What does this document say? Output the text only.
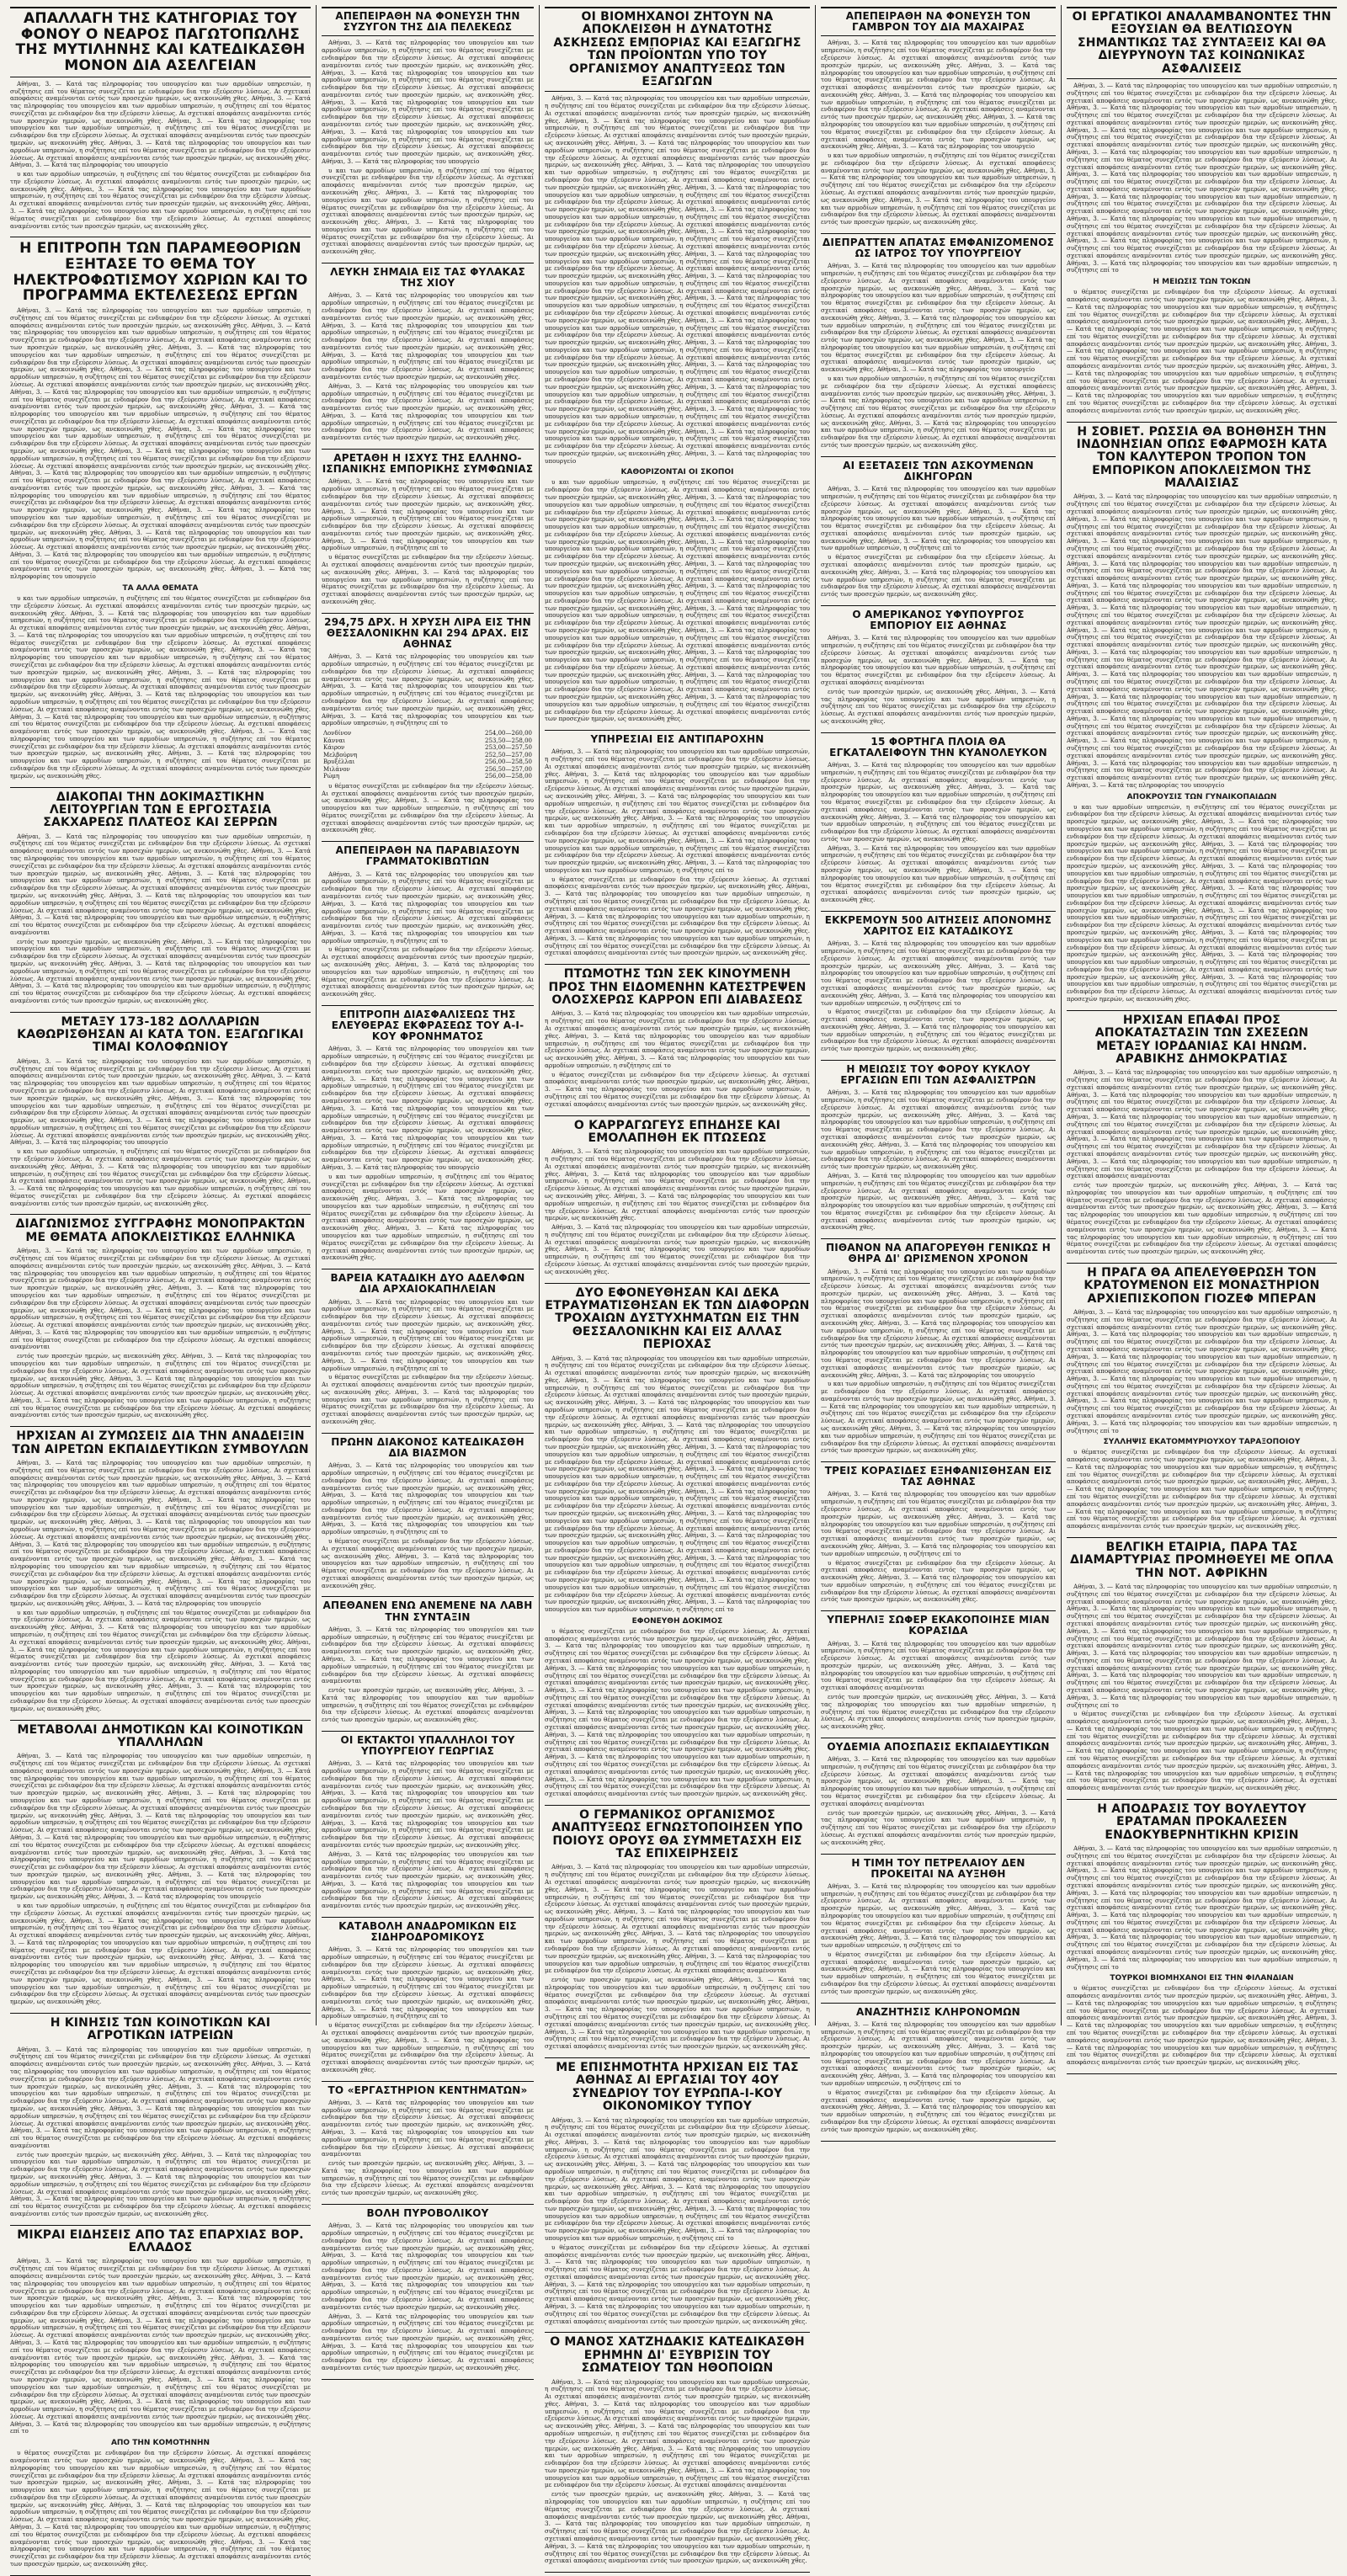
ΑΠΑΛΛΑΓΗ ΤΗΣ ΚΑΤΗΓΟΡΙΑΣ ΤΟΥ ΦΟΝΟΥ Ο ΝΕΑΡΟΣ ΠΑΓΩΤΟΠΩΛΗΣ ΤΗΣ ΜΥΤΙΛΗΝΗΣ ΚΑΙ ΚΑΤΕΔΙΚΑΣΘΗ ΜΟΝΟΝ ΔΙΑ ΑΣΕΛΓΕΙΑΝ

Αθήναι, 3. — Κατά τας πληροφορίας του υπουργείου και των αρμοδίων υπηρεσιών, η συζήτησις επί του θέματος συνεχίζεται με ενδιαφέρον δια την εξεύρεσιν λύσεως. Αι σχετικαί αποφάσεις αναμένονται εντός των προσεχών ημερών, ως ανεκοινώθη χθες. Αθήναι, 3. — Κατά τας πληροφορίας του υπουργείου και των αρμοδίων υπηρεσιών, η συζήτησις επί του θέματος συνεχίζεται με ενδιαφέρον δια την εξεύρεσιν λύσεως. Αι σχετικαί αποφάσεις αναμένονται εντός των προσεχών ημερών, ως ανεκοινώθη χθες. Αθήναι, 3. — Κατά τας πληροφορίας του υπουργείου και των αρμοδίων υπηρεσιών, η συζήτησις επί του θέματος συνεχίζεται με ενδιαφέρον δια την εξεύρεσιν λύσεως. Αι σχετικαί αποφάσεις αναμένονται εντός των προσεχών ημερών, ως ανεκοινώθη χθες. Αθήναι, 3. — Κατά τας πληροφορίας του υπουργείου και των αρμοδίων υπηρεσιών, η συζήτησις επί του θέματος συνεχίζεται με ενδιαφέρον δια την εξεύρεσιν λύσεως. Αι σχετικαί αποφάσεις αναμένονται εντός των προσεχών ημερών, ως ανεκοινώθη χθες. Αθήναι, 3. — Κατά τας πληροφορίας του υπουργείο

υ και των αρμοδίων υπηρεσιών, η συζήτησις επί του θέματος συνεχίζεται με ενδιαφέρον δια την εξεύρεσιν λύσεως. Αι σχετικαί αποφάσεις αναμένονται εντός των προσεχών ημερών, ως ανεκοινώθη χθες. Αθήναι, 3. — Κατά τας πληροφορίας του υπουργείου και των αρμοδίων υπηρεσιών, η συζήτησις επί του θέματος συνεχίζεται με ενδιαφέρον δια την εξεύρεσιν λύσεως. Αι σχετικαί αποφάσεις αναμένονται εντός των προσεχών ημερών, ως ανεκοινώθη χθες. Αθήναι, 3. — Κατά τας πληροφορίας του υπουργείου και των αρμοδίων υπηρεσιών, η συζήτησις επί του θέματος συνεχίζεται με ενδιαφέρον δια την εξεύρεσιν λύσεως. Αι σχετικαί αποφάσεις αναμένονται εντός των προσεχών ημερών, ως ανεκοινώθη χθες.

Η ΕΠΙΤΡΟΠΗ ΤΩΝ ΠΑΡΑΜΕΘΟΡΙΩΝ ΕΞΗΤΑΣΕ ΤΟ ΘΕΜΑ ΤΟΥ ΗΛΕΚΤΡΟΦΩΤΙΣΜΟΥ ΧΩΡΙΩΝ ΚΑΙ ΤΟ ΠΡΟΓΡΑΜΜΑ ΕΚΤΕΛΕΣΕΩΣ ΕΡΓΩΝ

Αθήναι, 3. — Κατά τας πληροφορίας του υπουργείου και των αρμοδίων υπηρεσιών, η συζήτησις επί του θέματος συνεχίζεται με ενδιαφέρον δια την εξεύρεσιν λύσεως. Αι σχετικαί αποφάσεις αναμένονται εντός των προσεχών ημερών, ως ανεκοινώθη χθες. Αθήναι, 3. — Κατά τας πληροφορίας του υπουργείου και των αρμοδίων υπηρεσιών, η συζήτησις επί του θέματος συνεχίζεται με ενδιαφέρον δια την εξεύρεσιν λύσεως. Αι σχετικαί αποφάσεις αναμένονται εντός των προσεχών ημερών, ως ανεκοινώθη χθες. Αθήναι, 3. — Κατά τας πληροφορίας του υπουργείου και των αρμοδίων υπηρεσιών, η συζήτησις επί του θέματος συνεχίζεται με ενδιαφέρον δια την εξεύρεσιν λύσεως. Αι σχετικαί αποφάσεις αναμένονται εντός των προσεχών ημερών, ως ανεκοινώθη χθες. Αθήναι, 3. — Κατά τας πληροφορίας του υπουργείου και των αρμοδίων υπηρεσιών, η συζήτησις επί του θέματος συνεχίζεται με ενδιαφέρον δια την εξεύρεσιν λύσεως. Αι σχετικαί αποφάσεις αναμένονται εντός των προσεχών ημερών, ως ανεκοινώθη χθες. Αθήναι, 3. — Κατά τας πληροφορίας του υπουργείου και των αρμοδίων υπηρεσιών, η συζήτησις επί του θέματος συνεχίζεται με ενδιαφέρον δια την εξεύρεσιν λύσεως. Αι σχετικαί αποφάσεις αναμένονται εντός των προσεχών ημερών, ως ανεκοινώθη χθες. Αθήναι, 3. — Κατά τας πληροφορίας του υπουργείου και των αρμοδίων υπηρεσιών, η συζήτησις επί του θέματος συνεχίζεται με ενδιαφέρον δια την εξεύρεσιν λύσεως. Αι σχετικαί αποφάσεις αναμένονται εντός των προσεχών ημερών, ως ανεκοινώθη χθες. Αθήναι, 3. — Κατά τας πληροφορίας του υπουργείου και των αρμοδίων υπηρεσιών, η συζήτησις επί του θέματος συνεχίζεται με ενδιαφέρον δια την εξεύρεσιν λύσεως. Αι σχετικαί αποφάσεις αναμένονται εντός των προσεχών ημερών, ως ανεκοινώθη χθες. Αθήναι, 3. — Κατά τας πληροφορίας του υπουργείου και των αρμοδίων υπηρεσιών, η συζήτησις επί του θέματος συνεχίζεται με ενδιαφέρον δια την εξεύρεσιν λύσεως. Αι σχετικαί αποφάσεις αναμένονται εντός των προσεχών ημερών, ως ανεκοινώθη χθες. Αθήναι, 3. — Κατά τας πληροφορίας του υπουργείου και των αρμοδίων υπηρεσιών, η συζήτησις επί του θέματος συνεχίζεται με ενδιαφέρον δια την εξεύρεσιν λύσεως. Αι σχετικαί αποφάσεις αναμένονται εντός των προσεχών ημερών, ως ανεκοινώθη χθες. Αθήναι, 3. — Κατά τας πληροφορίας του υπουργείου και των αρμοδίων υπηρεσιών, η συζήτησις επί του θέματος συνεχίζεται με ενδιαφέρον δια την εξεύρεσιν λύσεως. Αι σχετικαί αποφάσεις αναμένονται εντός των προσεχών ημερών, ως ανεκοινώθη χθες. Αθήναι, 3. — Κατά τας πληροφορίας του υπουργείου και των αρμοδίων υπηρεσιών, η συζήτησις επί του θέματος συνεχίζεται με ενδιαφέρον δια την εξεύρεσιν λύσεως. Αι σχετικαί αποφάσεις αναμένονται εντός των προσεχών ημερών, ως ανεκοινώθη χθες. Αθήναι, 3. — Κατά τας πληροφορίας του υπουργείου και των αρμοδίων υπηρεσιών, η συζήτησις επί του θέματος συνεχίζεται με ενδιαφέρον δια την εξεύρεσιν λύσεως. Αι σχετικαί αποφάσεις αναμένονται εντός των προσεχών ημερών, ως ανεκοινώθη χθες. Αθήναι, 3. — Κατά τας πληροφορίας του υπουργείου και των αρμοδίων υπηρεσιών, η συζήτησις επί του θέματος συνεχίζεται με ενδιαφέρον δια την εξεύρεσιν λύσεως. Αι σχετικαί αποφάσεις αναμένονται εντός των προσεχών ημερών, ως ανεκοινώθη χθες. Αθήναι, 3. — Κατά τας πληροφορίας του υπουργείο

ΤΑ ΑΛΛΑ ΘΕΜΑΤΑ

υ και των αρμοδίων υπηρεσιών, η συζήτησις επί του θέματος συνεχίζεται με ενδιαφέρον δια την εξεύρεσιν λύσεως. Αι σχετικαί αποφάσεις αναμένονται εντός των προσεχών ημερών, ως ανεκοινώθη χθες. Αθήναι, 3. — Κατά τας πληροφορίας του υπουργείου και των αρμοδίων υπηρεσιών, η συζήτησις επί του θέματος συνεχίζεται με ενδιαφέρον δια την εξεύρεσιν λύσεως. Αι σχετικαί αποφάσεις αναμένονται εντός των προσεχών ημερών, ως ανεκοινώθη χθες. Αθήναι, 3. — Κατά τας πληροφορίας του υπουργείου και των αρμοδίων υπηρεσιών, η συζήτησις επί του θέματος συνεχίζεται με ενδιαφέρον δια την εξεύρεσιν λύσεως. Αι σχετικαί αποφάσεις αναμένονται εντός των προσεχών ημερών, ως ανεκοινώθη χθες. Αθήναι, 3. — Κατά τας πληροφορίας του υπουργείου και των αρμοδίων υπηρεσιών, η συζήτησις επί του θέματος συνεχίζεται με ενδιαφέρον δια την εξεύρεσιν λύσεως. Αι σχετικαί αποφάσεις αναμένονται εντός των προσεχών ημερών, ως ανεκοινώθη χθες. Αθήναι, 3. — Κατά τας πληροφορίας του υπουργείου και των αρμοδίων υπηρεσιών, η συζήτησις επί του θέματος συνεχίζεται με ενδιαφέρον δια την εξεύρεσιν λύσεως. Αι σχετικαί αποφάσεις αναμένονται εντός των προσεχών ημερών, ως ανεκοινώθη χθες. Αθήναι, 3. — Κατά τας πληροφορίας του υπουργείου και των αρμοδίων υπηρεσιών, η συζήτησις επί του θέματος συνεχίζεται με ενδιαφέρον δια την εξεύρεσιν λύσεως. Αι σχετικαί αποφάσεις αναμένονται εντός των προσεχών ημερών, ως ανεκοινώθη χθες. Αθήναι, 3. — Κατά τας πληροφορίας του υπουργείου και των αρμοδίων υπηρεσιών, η συζήτησις επί του θέματος συνεχίζεται με ενδιαφέρον δια την εξεύρεσιν λύσεως. Αι σχετικαί αποφάσεις αναμένονται εντός των προσεχών ημερών, ως ανεκοινώθη χθες. Αθήναι, 3. — Κατά τας πληροφορίας του υπουργείου και των αρμοδίων υπηρεσιών, η συζήτησις επί του θέματος συνεχίζεται με ενδιαφέρον δια την εξεύρεσιν λύσεως. Αι σχετικαί αποφάσεις αναμένονται εντός των προσεχών ημερών, ως ανεκοινώθη χθες. Αθήναι, 3. — Κατά τας πληροφορίας του υπουργείου και των αρμοδίων υπηρεσιών, η συζήτησις επί του θέματος συνεχίζεται με ενδιαφέρον δια την εξεύρεσιν λύσεως. Αι σχετικαί αποφάσεις αναμένονται εντός των προσεχών ημερών, ως ανεκοινώθη χθες.

ΔΙΑΚΟΠΑΙ ΤΗΝ ΔΟΚΙΜΑΣΤΙΚΗΝ ΛΕΙΤΟΥΡΓΙΑΝ ΤΩΝ Ε ΕΡΓΟΣΤΑΣΙΑ ΣΑΚΧΑΡΕΩΣ ΠΛΑΤΕΟΣ ΚΑΙ ΣΕΡΡΩΝ

Αθήναι, 3. — Κατά τας πληροφορίας του υπουργείου και των αρμοδίων υπηρεσιών, η συζήτησις επί του θέματος συνεχίζεται με ενδιαφέρον δια την εξεύρεσιν λύσεως. Αι σχετικαί αποφάσεις αναμένονται εντός των προσεχών ημερών, ως ανεκοινώθη χθες. Αθήναι, 3. — Κατά τας πληροφορίας του υπουργείου και των αρμοδίων υπηρεσιών, η συζήτησις επί του θέματος συνεχίζεται με ενδιαφέρον δια την εξεύρεσιν λύσεως. Αι σχετικαί αποφάσεις αναμένονται εντός των προσεχών ημερών, ως ανεκοινώθη χθες. Αθήναι, 3. — Κατά τας πληροφορίας του υπουργείου και των αρμοδίων υπηρεσιών, η συζήτησις επί του θέματος συνεχίζεται με ενδιαφέρον δια την εξεύρεσιν λύσεως. Αι σχετικαί αποφάσεις αναμένονται εντός των προσεχών ημερών, ως ανεκοινώθη χθες. Αθήναι, 3. — Κατά τας πληροφορίας του υπουργείου και των αρμοδίων υπηρεσιών, η συζήτησις επί του θέματος συνεχίζεται με ενδιαφέρον δια την εξεύρεσιν λύσεως. Αι σχετικαί αποφάσεις αναμένονται εντός των προσεχών ημερών, ως ανεκοινώθη χθες. Αθήναι, 3. — Κατά τας πληροφορίας του υπουργείου και των αρμοδίων υπηρεσιών, η συζήτησις επί του θέματος συνεχίζεται με ενδιαφέρον δια την εξεύρεσιν λύσεως. Αι σχετικαί αποφάσεις αναμένονται

εντός των προσεχών ημερών, ως ανεκοινώθη χθες. Αθήναι, 3. — Κατά τας πληροφορίας του υπουργείου και των αρμοδίων υπηρεσιών, η συζήτησις επί του θέματος συνεχίζεται με ενδιαφέρον δια την εξεύρεσιν λύσεως. Αι σχετικαί αποφάσεις αναμένονται εντός των προσεχών ημερών, ως ανεκοινώθη χθες. Αθήναι, 3. — Κατά τας πληροφορίας του υπουργείου και των αρμοδίων υπηρεσιών, η συζήτησις επί του θέματος συνεχίζεται με ενδιαφέρον δια την εξεύρεσιν λύσεως. Αι σχετικαί αποφάσεις αναμένονται εντός των προσεχών ημερών, ως ανεκοινώθη χθες. Αθήναι, 3. — Κατά τας πληροφορίας του υπουργείου και των αρμοδίων υπηρεσιών, η συζήτησις επί του θέματος συνεχίζεται με ενδιαφέρον δια την εξεύρεσιν λύσεως. Αι σχετικαί αποφάσεις αναμένονται εντός των προσεχών ημερών, ως ανεκοινώθη χθες.

ΜΕΤΑΞΥ 173-182 ΔΟΛΛΑΡΙΩΝ ΚΑΘΩΡΙΣΘΗΣΑΝ ΑΙ ΚΑΤΑ ΤΟΝ. ΕΞΑΓΩΓΙΚΑΙ ΤΙΜΑΙ ΚΟΛΟΦΩΝΙΟΥ

Αθήναι, 3. — Κατά τας πληροφορίας του υπουργείου και των αρμοδίων υπηρεσιών, η συζήτησις επί του θέματος συνεχίζεται με ενδιαφέρον δια την εξεύρεσιν λύσεως. Αι σχετικαί αποφάσεις αναμένονται εντός των προσεχών ημερών, ως ανεκοινώθη χθες. Αθήναι, 3. — Κατά τας πληροφορίας του υπουργείου και των αρμοδίων υπηρεσιών, η συζήτησις επί του θέματος συνεχίζεται με ενδιαφέρον δια την εξεύρεσιν λύσεως. Αι σχετικαί αποφάσεις αναμένονται εντός των προσεχών ημερών, ως ανεκοινώθη χθες. Αθήναι, 3. — Κατά τας πληροφορίας του υπουργείου και των αρμοδίων υπηρεσιών, η συζήτησις επί του θέματος συνεχίζεται με ενδιαφέρον δια την εξεύρεσιν λύσεως. Αι σχετικαί αποφάσεις αναμένονται εντός των προσεχών ημερών, ως ανεκοινώθη χθες. Αθήναι, 3. — Κατά τας πληροφορίας του υπουργείου και των αρμοδίων υπηρεσιών, η συζήτησις επί του θέματος συνεχίζεται με ενδιαφέρον δια την εξεύρεσιν λύσεως. Αι σχετικαί αποφάσεις αναμένονται εντός των προσεχών ημερών, ως ανεκοινώθη χθες. Αθήναι, 3. — Κατά τας πληροφορίας του υπουργείο

υ και των αρμοδίων υπηρεσιών, η συζήτησις επί του θέματος συνεχίζεται με ενδιαφέρον δια την εξεύρεσιν λύσεως. Αι σχετικαί αποφάσεις αναμένονται εντός των προσεχών ημερών, ως ανεκοινώθη χθες. Αθήναι, 3. — Κατά τας πληροφορίας του υπουργείου και των αρμοδίων υπηρεσιών, η συζήτησις επί του θέματος συνεχίζεται με ενδιαφέρον δια την εξεύρεσιν λύσεως. Αι σχετικαί αποφάσεις αναμένονται εντός των προσεχών ημερών, ως ανεκοινώθη χθες. Αθήναι, 3. — Κατά τας πληροφορίας του υπουργείου και των αρμοδίων υπηρεσιών, η συζήτησις επί του θέματος συνεχίζεται με ενδιαφέρον δια την εξεύρεσιν λύσεως. Αι σχετικαί αποφάσεις αναμένονται εντός των προσεχών ημερών, ως ανεκοινώθη χθες.

ΔΙΑΓΩΝΙΣΜΟΣ ΣΥΓΓΡΑΦΗΣ ΜΟΝΟΠΡΑΚΤΩΝ ΜΕ ΘΕΜΑΤΑ ΑΠΟΚΛΕΙΣΤΙΚΩΣ ΕΛΛΗΝΙΚΑ

Αθήναι, 3. — Κατά τας πληροφορίας του υπουργείου και των αρμοδίων υπηρεσιών, η συζήτησις επί του θέματος συνεχίζεται με ενδιαφέρον δια την εξεύρεσιν λύσεως. Αι σχετικαί αποφάσεις αναμένονται εντός των προσεχών ημερών, ως ανεκοινώθη χθες. Αθήναι, 3. — Κατά τας πληροφορίας του υπουργείου και των αρμοδίων υπηρεσιών, η συζήτησις επί του θέματος συνεχίζεται με ενδιαφέρον δια την εξεύρεσιν λύσεως. Αι σχετικαί αποφάσεις αναμένονται εντός των προσεχών ημερών, ως ανεκοινώθη χθες. Αθήναι, 3. — Κατά τας πληροφορίας του υπουργείου και των αρμοδίων υπηρεσιών, η συζήτησις επί του θέματος συνεχίζεται με ενδιαφέρον δια την εξεύρεσιν λύσεως. Αι σχετικαί αποφάσεις αναμένονται εντός των προσεχών ημερών, ως ανεκοινώθη χθες. Αθήναι, 3. — Κατά τας πληροφορίας του υπουργείου και των αρμοδίων υπηρεσιών, η συζήτησις επί του θέματος συνεχίζεται με ενδιαφέρον δια την εξεύρεσιν λύσεως. Αι σχετικαί αποφάσεις αναμένονται εντός των προσεχών ημερών, ως ανεκοινώθη χθες. Αθήναι, 3. — Κατά τας πληροφορίας του υπουργείου και των αρμοδίων υπηρεσιών, η συζήτησις επί του θέματος συνεχίζεται με ενδιαφέρον δια την εξεύρεσιν λύσεως. Αι σχετικαί αποφάσεις αναμένονται

εντός των προσεχών ημερών, ως ανεκοινώθη χθες. Αθήναι, 3. — Κατά τας πληροφορίας του υπουργείου και των αρμοδίων υπηρεσιών, η συζήτησις επί του θέματος συνεχίζεται με ενδιαφέρον δια την εξεύρεσιν λύσεως. Αι σχετικαί αποφάσεις αναμένονται εντός των προσεχών ημερών, ως ανεκοινώθη χθες. Αθήναι, 3. — Κατά τας πληροφορίας του υπουργείου και των αρμοδίων υπηρεσιών, η συζήτησις επί του θέματος συνεχίζεται με ενδιαφέρον δια την εξεύρεσιν λύσεως. Αι σχετικαί αποφάσεις αναμένονται εντός των προσεχών ημερών, ως ανεκοινώθη χθες. Αθήναι, 3. — Κατά τας πληροφορίας του υπουργείου και των αρμοδίων υπηρεσιών, η συζήτησις επί του θέματος συνεχίζεται με ενδιαφέρον δια την εξεύρεσιν λύσεως. Αι σχετικαί αποφάσεις αναμένονται εντός των προσεχών ημερών, ως ανεκοινώθη χθες.

ΗΡΧΙΣΑΝ ΑΙ ΖΥΜΩΣΕΙΣ ΔΙΑ ΤΗΝ ΑΝΑΔΕΙΞΙΝ ΤΩΝ ΑΙΡΕΤΩΝ ΕΚΠΑΙΔΕΥΤΙΚΩΝ ΣΥΜΒΟΥΛΩΝ

Αθήναι, 3. — Κατά τας πληροφορίας του υπουργείου και των αρμοδίων υπηρεσιών, η συζήτησις επί του θέματος συνεχίζεται με ενδιαφέρον δια την εξεύρεσιν λύσεως. Αι σχετικαί αποφάσεις αναμένονται εντός των προσεχών ημερών, ως ανεκοινώθη χθες. Αθήναι, 3. — Κατά τας πληροφορίας του υπουργείου και των αρμοδίων υπηρεσιών, η συζήτησις επί του θέματος συνεχίζεται με ενδιαφέρον δια την εξεύρεσιν λύσεως. Αι σχετικαί αποφάσεις αναμένονται εντός των προσεχών ημερών, ως ανεκοινώθη χθες. Αθήναι, 3. — Κατά τας πληροφορίας του υπουργείου και των αρμοδίων υπηρεσιών, η συζήτησις επί του θέματος συνεχίζεται με ενδιαφέρον δια την εξεύρεσιν λύσεως. Αι σχετικαί αποφάσεις αναμένονται εντός των προσεχών ημερών, ως ανεκοινώθη χθες. Αθήναι, 3. — Κατά τας πληροφορίας του υπουργείου και των αρμοδίων υπηρεσιών, η συζήτησις επί του θέματος συνεχίζεται με ενδιαφέρον δια την εξεύρεσιν λύσεως. Αι σχετικαί αποφάσεις αναμένονται εντός των προσεχών ημερών, ως ανεκοινώθη χθες. Αθήναι, 3. — Κατά τας πληροφορίας του υπουργείου και των αρμοδίων υπηρεσιών, η συζήτησις επί του θέματος συνεχίζεται με ενδιαφέρον δια την εξεύρεσιν λύσεως. Αι σχετικαί αποφάσεις αναμένονται εντός των προσεχών ημερών, ως ανεκοινώθη χθες. Αθήναι, 3. — Κατά τας πληροφορίας του υπουργείου και των αρμοδίων υπηρεσιών, η συζήτησις επί του θέματος συνεχίζεται με ενδιαφέρον δια την εξεύρεσιν λύσεως. Αι σχετικαί αποφάσεις αναμένονται εντός των προσεχών ημερών, ως ανεκοινώθη χθες. Αθήναι, 3. — Κατά τας πληροφορίας του υπουργείου και των αρμοδίων υπηρεσιών, η συζήτησις επί του θέματος συνεχίζεται με ενδιαφέρον δια την εξεύρεσιν λύσεως. Αι σχετικαί αποφάσεις αναμένονται εντός των προσεχών ημερών, ως ανεκοινώθη χθες. Αθήναι, 3. — Κατά τας πληροφορίας του υπουργείο

υ και των αρμοδίων υπηρεσιών, η συζήτησις επί του θέματος συνεχίζεται με ενδιαφέρον δια την εξεύρεσιν λύσεως. Αι σχετικαί αποφάσεις αναμένονται εντός των προσεχών ημερών, ως ανεκοινώθη χθες. Αθήναι, 3. — Κατά τας πληροφορίας του υπουργείου και των αρμοδίων υπηρεσιών, η συζήτησις επί του θέματος συνεχίζεται με ενδιαφέρον δια την εξεύρεσιν λύσεως. Αι σχετικαί αποφάσεις αναμένονται εντός των προσεχών ημερών, ως ανεκοινώθη χθες. Αθήναι, 3. — Κατά τας πληροφορίας του υπουργείου και των αρμοδίων υπηρεσιών, η συζήτησις επί του θέματος συνεχίζεται με ενδιαφέρον δια την εξεύρεσιν λύσεως. Αι σχετικαί αποφάσεις αναμένονται εντός των προσεχών ημερών, ως ανεκοινώθη χθες. Αθήναι, 3. — Κατά τας πληροφορίας του υπουργείου και των αρμοδίων υπηρεσιών, η συζήτησις επί του θέματος συνεχίζεται με ενδιαφέρον δια την εξεύρεσιν λύσεως. Αι σχετικαί αποφάσεις αναμένονται εντός των προσεχών ημερών, ως ανεκοινώθη χθες. Αθήναι, 3. — Κατά τας πληροφορίας του υπουργείου και των αρμοδίων υπηρεσιών, η συζήτησις επί του θέματος συνεχίζεται με ενδιαφέρον δια την εξεύρεσιν λύσεως. Αι σχετικαί αποφάσεις αναμένονται εντός των προσεχών ημερών, ως ανεκοινώθη χθες.

ΜΕΤΑΒΟΛΑΙ ΔΗΜΟΤΙΚΩΝ ΚΑΙ ΚΟΙΝΟΤΙΚΩΝ ΥΠΑΛΛΗΛΩΝ

Αθήναι, 3. — Κατά τας πληροφορίας του υπουργείου και των αρμοδίων υπηρεσιών, η συζήτησις επί του θέματος συνεχίζεται με ενδιαφέρον δια την εξεύρεσιν λύσεως. Αι σχετικαί αποφάσεις αναμένονται εντός των προσεχών ημερών, ως ανεκοινώθη χθες. Αθήναι, 3. — Κατά τας πληροφορίας του υπουργείου και των αρμοδίων υπηρεσιών, η συζήτησις επί του θέματος συνεχίζεται με ενδιαφέρον δια την εξεύρεσιν λύσεως. Αι σχετικαί αποφάσεις αναμένονται εντός των προσεχών ημερών, ως ανεκοινώθη χθες. Αθήναι, 3. — Κατά τας πληροφορίας του υπουργείου και των αρμοδίων υπηρεσιών, η συζήτησις επί του θέματος συνεχίζεται με ενδιαφέρον δια την εξεύρεσιν λύσεως. Αι σχετικαί αποφάσεις αναμένονται εντός των προσεχών ημερών, ως ανεκοινώθη χθες. Αθήναι, 3. — Κατά τας πληροφορίας του υπουργείου και των αρμοδίων υπηρεσιών, η συζήτησις επί του θέματος συνεχίζεται με ενδιαφέρον δια την εξεύρεσιν λύσεως. Αι σχετικαί αποφάσεις αναμένονται εντός των προσεχών ημερών, ως ανεκοινώθη χθες. Αθήναι, 3. — Κατά τας πληροφορίας του υπουργείου και των αρμοδίων υπηρεσιών, η συζήτησις επί του θέματος συνεχίζεται με ενδιαφέρον δια την εξεύρεσιν λύσεως. Αι σχετικαί αποφάσεις αναμένονται εντός των προσεχών ημερών, ως ανεκοινώθη χθες. Αθήναι, 3. — Κατά τας πληροφορίας του υπουργείου και των αρμοδίων υπηρεσιών, η συζήτησις επί του θέματος συνεχίζεται με ενδιαφέρον δια την εξεύρεσιν λύσεως. Αι σχετικαί αποφάσεις αναμένονται εντός των προσεχών ημερών, ως ανεκοινώθη χθες. Αθήναι, 3. — Κατά τας πληροφορίας του υπουργείου και των αρμοδίων υπηρεσιών, η συζήτησις επί του θέματος συνεχίζεται με ενδιαφέρον δια την εξεύρεσιν λύσεως. Αι σχετικαί αποφάσεις αναμένονται εντός των προσεχών ημερών, ως ανεκοινώθη χθες. Αθήναι, 3. — Κατά τας πληροφορίας του υπουργείο

υ και των αρμοδίων υπηρεσιών, η συζήτησις επί του θέματος συνεχίζεται με ενδιαφέρον δια την εξεύρεσιν λύσεως. Αι σχετικαί αποφάσεις αναμένονται εντός των προσεχών ημερών, ως ανεκοινώθη χθες. Αθήναι, 3. — Κατά τας πληροφορίας του υπουργείου και των αρμοδίων υπηρεσιών, η συζήτησις επί του θέματος συνεχίζεται με ενδιαφέρον δια την εξεύρεσιν λύσεως. Αι σχετικαί αποφάσεις αναμένονται εντός των προσεχών ημερών, ως ανεκοινώθη χθες. Αθήναι, 3. — Κατά τας πληροφορίας του υπουργείου και των αρμοδίων υπηρεσιών, η συζήτησις επί του θέματος συνεχίζεται με ενδιαφέρον δια την εξεύρεσιν λύσεως. Αι σχετικαί αποφάσεις αναμένονται εντός των προσεχών ημερών, ως ανεκοινώθη χθες. Αθήναι, 3. — Κατά τας πληροφορίας του υπουργείου και των αρμοδίων υπηρεσιών, η συζήτησις επί του θέματος συνεχίζεται με ενδιαφέρον δια την εξεύρεσιν λύσεως. Αι σχετικαί αποφάσεις αναμένονται εντός των προσεχών ημερών, ως ανεκοινώθη χθες. Αθήναι, 3. — Κατά τας πληροφορίας του υπουργείου και των αρμοδίων υπηρεσιών, η συζήτησις επί του θέματος συνεχίζεται με ενδιαφέρον δια την εξεύρεσιν λύσεως. Αι σχετικαί αποφάσεις αναμένονται εντός των προσεχών ημερών, ως ανεκοινώθη χθες.

Η ΚΙΝΗΣΙΣ ΤΩΝ ΚΟΙΝΟΤΙΚΩΝ ΚΑΙ ΑΓΡΟΤΙΚΩΝ ΙΑΤΡΕΙΩΝ

Αθήναι, 3. — Κατά τας πληροφορίας του υπουργείου και των αρμοδίων υπηρεσιών, η συζήτησις επί του θέματος συνεχίζεται με ενδιαφέρον δια την εξεύρεσιν λύσεως. Αι σχετικαί αποφάσεις αναμένονται εντός των προσεχών ημερών, ως ανεκοινώθη χθες. Αθήναι, 3. — Κατά τας πληροφορίας του υπουργείου και των αρμοδίων υπηρεσιών, η συζήτησις επί του θέματος συνεχίζεται με ενδιαφέρον δια την εξεύρεσιν λύσεως. Αι σχετικαί αποφάσεις αναμένονται εντός των προσεχών ημερών, ως ανεκοινώθη χθες. Αθήναι, 3. — Κατά τας πληροφορίας του υπουργείου και των αρμοδίων υπηρεσιών, η συζήτησις επί του θέματος συνεχίζεται με ενδιαφέρον δια την εξεύρεσιν λύσεως. Αι σχετικαί αποφάσεις αναμένονται εντός των προσεχών ημερών, ως ανεκοινώθη χθες. Αθήναι, 3. — Κατά τας πληροφορίας του υπουργείου και των αρμοδίων υπηρεσιών, η συζήτησις επί του θέματος συνεχίζεται με ενδιαφέρον δια την εξεύρεσιν λύσεως. Αι σχετικαί αποφάσεις αναμένονται εντός των προσεχών ημερών, ως ανεκοινώθη χθες. Αθήναι, 3. — Κατά τας πληροφορίας του υπουργείου και των αρμοδίων υπηρεσιών, η συζήτησις επί του θέματος συνεχίζεται με ενδιαφέρον δια την εξεύρεσιν λύσεως. Αι σχετικαί αποφάσεις αναμένονται

εντός των προσεχών ημερών, ως ανεκοινώθη χθες. Αθήναι, 3. — Κατά τας πληροφορίας του υπουργείου και των αρμοδίων υπηρεσιών, η συζήτησις επί του θέματος συνεχίζεται με ενδιαφέρον δια την εξεύρεσιν λύσεως. Αι σχετικαί αποφάσεις αναμένονται εντός των προσεχών ημερών, ως ανεκοινώθη χθες. Αθήναι, 3. — Κατά τας πληροφορίας του υπουργείου και των αρμοδίων υπηρεσιών, η συζήτησις επί του θέματος συνεχίζεται με ενδιαφέρον δια την εξεύρεσιν λύσεως. Αι σχετικαί αποφάσεις αναμένονται εντός των προσεχών ημερών, ως ανεκοινώθη χθες. Αθήναι, 3. — Κατά τας πληροφορίας του υπουργείου και των αρμοδίων υπηρεσιών, η συζήτησις επί του θέματος συνεχίζεται με ενδιαφέρον δια την εξεύρεσιν λύσεως. Αι σχετικαί αποφάσεις αναμένονται εντός των προσεχών ημερών, ως ανεκοινώθη χθες.

ΜΙΚΡΑΙ ΕΙΔΗΣΕΙΣ ΑΠΟ ΤΑΣ ΕΠΑΡΧΙΑΣ ΒΟΡ. ΕΛΛΑΔΟΣ

Αθήναι, 3. — Κατά τας πληροφορίας του υπουργείου και των αρμοδίων υπηρεσιών, η συζήτησις επί του θέματος συνεχίζεται με ενδιαφέρον δια την εξεύρεσιν λύσεως. Αι σχετικαί αποφάσεις αναμένονται εντός των προσεχών ημερών, ως ανεκοινώθη χθες. Αθήναι, 3. — Κατά τας πληροφορίας του υπουργείου και των αρμοδίων υπηρεσιών, η συζήτησις επί του θέματος συνεχίζεται με ενδιαφέρον δια την εξεύρεσιν λύσεως. Αι σχετικαί αποφάσεις αναμένονται εντός των προσεχών ημερών, ως ανεκοινώθη χθες. Αθήναι, 3. — Κατά τας πληροφορίας του υπουργείου και των αρμοδίων υπηρεσιών, η συζήτησις επί του θέματος συνεχίζεται με ενδιαφέρον δια την εξεύρεσιν λύσεως. Αι σχετικαί αποφάσεις αναμένονται εντός των προσεχών ημερών, ως ανεκοινώθη χθες. Αθήναι, 3. — Κατά τας πληροφορίας του υπουργείου και των αρμοδίων υπηρεσιών, η συζήτησις επί του θέματος συνεχίζεται με ενδιαφέρον δια την εξεύρεσιν λύσεως. Αι σχετικαί αποφάσεις αναμένονται εντός των προσεχών ημερών, ως ανεκοινώθη χθες. Αθήναι, 3. — Κατά τας πληροφορίας του υπουργείου και των αρμοδίων υπηρεσιών, η συζήτησις επί του θέματος συνεχίζεται με ενδιαφέρον δια την εξεύρεσιν λύσεως. Αι σχετικαί αποφάσεις αναμένονται εντός των προσεχών ημερών, ως ανεκοινώθη χθες. Αθήναι, 3. — Κατά τας πληροφορίας του υπουργείου και των αρμοδίων υπηρεσιών, η συζήτησις επί του θέματος συνεχίζεται με ενδιαφέρον δια την εξεύρεσιν λύσεως. Αι σχετικαί αποφάσεις αναμένονται εντός των προσεχών ημερών, ως ανεκοινώθη χθες. Αθήναι, 3. — Κατά τας πληροφορίας του υπουργείου και των αρμοδίων υπηρεσιών, η συζήτησις επί του θέματος συνεχίζεται με ενδιαφέρον δια την εξεύρεσιν λύσεως. Αι σχετικαί αποφάσεις αναμένονται εντός των προσεχών ημερών, ως ανεκοινώθη χθες. Αθήναι, 3. — Κατά τας πληροφορίας του υπουργείου και των αρμοδίων υπηρεσιών, η συζήτησις επί του θέματος συνεχίζεται με ενδιαφέρον δια την εξεύρεσιν λύσεως. Αι σχετικαί αποφάσεις αναμένονται εντός των προσεχών ημερών, ως ανεκοινώθη χθες. Αθήναι, 3. — Κατά τας πληροφορίας του υπουργείου και των αρμοδίων υπηρεσιών, η συζήτησις επί το

ΑΠΟ ΤΗΝ ΚΟΜΟΤΗΝΗΝ

υ θέματος συνεχίζεται με ενδιαφέρον δια την εξεύρεσιν λύσεως. Αι σχετικαί αποφάσεις αναμένονται εντός των προσεχών ημερών, ως ανεκοινώθη χθες. Αθήναι, 3. — Κατά τας πληροφορίας του υπουργείου και των αρμοδίων υπηρεσιών, η συζήτησις επί του θέματος συνεχίζεται με ενδιαφέρον δια την εξεύρεσιν λύσεως. Αι σχετικαί αποφάσεις αναμένονται εντός των προσεχών ημερών, ως ανεκοινώθη χθες. Αθήναι, 3. — Κατά τας πληροφορίας του υπουργείου και των αρμοδίων υπηρεσιών, η συζήτησις επί του θέματος συνεχίζεται με ενδιαφέρον δια την εξεύρεσιν λύσεως. Αι σχετικαί αποφάσεις αναμένονται εντός των προσεχών ημερών, ως ανεκοινώθη χθες. Αθήναι, 3. — Κατά τας πληροφορίας του υπουργείου και των αρμοδίων υπηρεσιών, η συζήτησις επί του θέματος συνεχίζεται με ενδιαφέρον δια την εξεύρεσιν λύσεως. Αι σχετικαί αποφάσεις αναμένονται εντός των προσεχών ημερών, ως ανεκοινώθη χθες. Αθήναι, 3. — Κατά τας πληροφορίας του υπουργείου και των αρμοδίων υπηρεσιών, η συζήτησις επί του θέματος συνεχίζεται με ενδιαφέρον δια την εξεύρεσιν λύσεως. Αι σχετικαί αποφάσεις αναμένονται εντός των προσεχών ημερών, ως ανεκοινώθη χθες. Αθήναι, 3. — Κατά τας πληροφορίας του υπουργείου και των αρμοδίων υπηρεσιών, η συζήτησις επί του θέματος συνεχίζεται με ενδιαφέρον δια την εξεύρεσιν λύσεως. Αι σχετικαί αποφάσεις αναμένονται εντός των προσεχών ημερών, ως ανεκοινώθη χθες.

ΑΠΕΠΕΙΡΑΘΗ ΝΑ ΦΟΝΕΥΣΗ ΤΗΝ ΣΥΖΥΓΟΝ ΤΗΣ ΔΙΑ ΠΕΛΕΚΕΩΣ

Αθήναι, 3. — Κατά τας πληροφορίας του υπουργείου και των αρμοδίων υπηρεσιών, η συζήτησις επί του θέματος συνεχίζεται με ενδιαφέρον δια την εξεύρεσιν λύσεως. Αι σχετικαί αποφάσεις αναμένονται εντός των προσεχών ημερών, ως ανεκοινώθη χθες. Αθήναι, 3. — Κατά τας πληροφορίας του υπουργείου και των αρμοδίων υπηρεσιών, η συζήτησις επί του θέματος συνεχίζεται με ενδιαφέρον δια την εξεύρεσιν λύσεως. Αι σχετικαί αποφάσεις αναμένονται εντός των προσεχών ημερών, ως ανεκοινώθη χθες. Αθήναι, 3. — Κατά τας πληροφορίας του υπουργείου και των αρμοδίων υπηρεσιών, η συζήτησις επί του θέματος συνεχίζεται με ενδιαφέρον δια την εξεύρεσιν λύσεως. Αι σχετικαί αποφάσεις αναμένονται εντός των προσεχών ημερών, ως ανεκοινώθη χθες. Αθήναι, 3. — Κατά τας πληροφορίας του υπουργείου και των αρμοδίων υπηρεσιών, η συζήτησις επί του θέματος συνεχίζεται με ενδιαφέρον δια την εξεύρεσιν λύσεως. Αι σχετικαί αποφάσεις αναμένονται εντός των προσεχών ημερών, ως ανεκοινώθη χθες. Αθήναι, 3. — Κατά τας πληροφορίας του υπουργείο

υ και των αρμοδίων υπηρεσιών, η συζήτησις επί του θέματος συνεχίζεται με ενδιαφέρον δια την εξεύρεσιν λύσεως. Αι σχετικαί αποφάσεις αναμένονται εντός των προσεχών ημερών, ως ανεκοινώθη χθες. Αθήναι, 3. — Κατά τας πληροφορίας του υπουργείου και των αρμοδίων υπηρεσιών, η συζήτησις επί του θέματος συνεχίζεται με ενδιαφέρον δια την εξεύρεσιν λύσεως. Αι σχετικαί αποφάσεις αναμένονται εντός των προσεχών ημερών, ως ανεκοινώθη χθες. Αθήναι, 3. — Κατά τας πληροφορίας του υπουργείου και των αρμοδίων υπηρεσιών, η συζήτησις επί του θέματος συνεχίζεται με ενδιαφέρον δια την εξεύρεσιν λύσεως. Αι σχετικαί αποφάσεις αναμένονται εντός των προσεχών ημερών, ως ανεκοινώθη χθες.

ΛΕΥΚΗ ΣΗΜΑΙΑ ΕΙΣ ΤΑΣ ΦΥΛΑΚΑΣ ΤΗΣ ΧΙΟΥ

Αθήναι, 3. — Κατά τας πληροφορίας του υπουργείου και των αρμοδίων υπηρεσιών, η συζήτησις επί του θέματος συνεχίζεται με ενδιαφέρον δια την εξεύρεσιν λύσεως. Αι σχετικαί αποφάσεις αναμένονται εντός των προσεχών ημερών, ως ανεκοινώθη χθες. Αθήναι, 3. — Κατά τας πληροφορίας του υπουργείου και των αρμοδίων υπηρεσιών, η συζήτησις επί του θέματος συνεχίζεται με ενδιαφέρον δια την εξεύρεσιν λύσεως. Αι σχετικαί αποφάσεις αναμένονται εντός των προσεχών ημερών, ως ανεκοινώθη χθες. Αθήναι, 3. — Κατά τας πληροφορίας του υπουργείου και των αρμοδίων υπηρεσιών, η συζήτησις επί του θέματος συνεχίζεται με ενδιαφέρον δια την εξεύρεσιν λύσεως. Αι σχετικαί αποφάσεις αναμένονται εντός των προσεχών ημερών, ως ανεκοινώθη χθες.

Αθήναι, 3. — Κατά τας πληροφορίας του υπουργείου και των αρμοδίων υπηρεσιών, η συζήτησις επί του θέματος συνεχίζεται με ενδιαφέρον δια την εξεύρεσιν λύσεως. Αι σχετικαί αποφάσεις αναμένονται εντός των προσεχών ημερών, ως ανεκοινώθη χθες. Αθήναι, 3. — Κατά τας πληροφορίας του υπουργείου και των αρμοδίων υπηρεσιών, η συζήτησις επί του θέματος συνεχίζεται με ενδιαφέρον δια την εξεύρεσιν λύσεως. Αι σχετικαί αποφάσεις αναμένονται εντός των προσεχών ημερών, ως ανεκοινώθη χθες.

ΑΡΕΤΑΘΗ Η ΙΣΧΥΣ ΤΗΣ ΕΛΛΗΝΟ-ΙΣΠΑΝΙΚΗΣ ΕΜΠΟΡΙΚΗΣ ΣΥΜΦΩΝΙΑΣ

Αθήναι, 3. — Κατά τας πληροφορίας του υπουργείου και των αρμοδίων υπηρεσιών, η συζήτησις επί του θέματος συνεχίζεται με ενδιαφέρον δια την εξεύρεσιν λύσεως. Αι σχετικαί αποφάσεις αναμένονται εντός των προσεχών ημερών, ως ανεκοινώθη χθες. Αθήναι, 3. — Κατά τας πληροφορίας του υπουργείου και των αρμοδίων υπηρεσιών, η συζήτησις επί του θέματος συνεχίζεται με ενδιαφέρον δια την εξεύρεσιν λύσεως. Αι σχετικαί αποφάσεις αναμένονται εντός των προσεχών ημερών, ως ανεκοινώθη χθες. Αθήναι, 3. — Κατά τας πληροφορίας του υπουργείου και των αρμοδίων υπηρεσιών, η συζήτησις επί το

υ θέματος συνεχίζεται με ενδιαφέρον δια την εξεύρεσιν λύσεως. Αι σχετικαί αποφάσεις αναμένονται εντός των προσεχών ημερών, ως ανεκοινώθη χθες. Αθήναι, 3. — Κατά τας πληροφορίας του υπουργείου και των αρμοδίων υπηρεσιών, η συζήτησις επί του θέματος συνεχίζεται με ενδιαφέρον δια την εξεύρεσιν λύσεως. Αι σχετικαί αποφάσεις αναμένονται εντός των προσεχών ημερών, ως ανεκοινώθη χθες.

294,75 ΔΡΧ. Η ΧΡΥΣΗ ΛΙΡΑ ΕΙΣ ΤΗΝ ΘΕΣΣΑΛΟΝΙΚΗΝ ΚΑΙ 294 ΔΡΑΧ. ΕΙΣ ΑΘΗΝΑΣ

Αθήναι, 3. — Κατά τας πληροφορίας του υπουργείου και των αρμοδίων υπηρεσιών, η συζήτησις επί του θέματος συνεχίζεται με ενδιαφέρον δια την εξεύρεσιν λύσεως. Αι σχετικαί αποφάσεις αναμένονται εντός των προσεχών ημερών, ως ανεκοινώθη χθες. Αθήναι, 3. — Κατά τας πληροφορίας του υπουργείου και των αρμοδίων υπηρεσιών, η συζήτησις επί του θέματος συνεχίζεται με ενδιαφέρον δια την εξεύρεσιν λύσεως. Αι σχετικαί αποφάσεις αναμένονται εντός των προσεχών ημερών, ως ανεκοινώθη χθες. Αθήναι, 3. — Κατά τας πληροφορίας του υπουργείου και των αρμοδίων υπηρεσιών, η συζήτησις επί το

Λονδίνον	254,00—260,00
Κάνναι	253,50—258,00
Κάιρον	253,00—257,50
Μελβούρνη	252,50—257,00
Βρυξέλλαι	256,00—258,50
Μιλάνον	256,50—257,00
Ρώμη	256,00—258,00

υ θέματος συνεχίζεται με ενδιαφέρον δια την εξεύρεσιν λύσεως. Αι σχετικαί αποφάσεις αναμένονται εντός των προσεχών ημερών, ως ανεκοινώθη χθες. Αθήναι, 3. — Κατά τας πληροφορίας του υπουργείου και των αρμοδίων υπηρεσιών, η συζήτησις επί του θέματος συνεχίζεται με ενδιαφέρον δια την εξεύρεσιν λύσεως. Αι σχετικαί αποφάσεις αναμένονται εντός των προσεχών ημερών, ως ανεκοινώθη χθες.

ΑΠΕΠΕΙΡΑΘΗ ΝΑ ΠΑΡΑΒΙΑΣΟΥΝ ΓΡΑΜΜΑΤΟΚΙΒΩΤΙΩΝ

Αθήναι, 3. — Κατά τας πληροφορίας του υπουργείου και των αρμοδίων υπηρεσιών, η συζήτησις επί του θέματος συνεχίζεται με ενδιαφέρον δια την εξεύρεσιν λύσεως. Αι σχετικαί αποφάσεις αναμένονται εντός των προσεχών ημερών, ως ανεκοινώθη χθες. Αθήναι, 3. — Κατά τας πληροφορίας του υπουργείου και των αρμοδίων υπηρεσιών, η συζήτησις επί του θέματος συνεχίζεται με ενδιαφέρον δια την εξεύρεσιν λύσεως. Αι σχετικαί αποφάσεις αναμένονται εντός των προσεχών ημερών, ως ανεκοινώθη χθες. Αθήναι, 3. — Κατά τας πληροφορίας του υπουργείου και των αρμοδίων υπηρεσιών, η συζήτησις επί το

υ θέματος συνεχίζεται με ενδιαφέρον δια την εξεύρεσιν λύσεως. Αι σχετικαί αποφάσεις αναμένονται εντός των προσεχών ημερών, ως ανεκοινώθη χθες. Αθήναι, 3. — Κατά τας πληροφορίας του υπουργείου και των αρμοδίων υπηρεσιών, η συζήτησις επί του θέματος συνεχίζεται με ενδιαφέρον δια την εξεύρεσιν λύσεως. Αι σχετικαί αποφάσεις αναμένονται εντός των προσεχών ημερών, ως ανεκοινώθη χθες.

ΕΠΙΤΡΟΠΗ ΔΙΑΣΦΑΛΙΣΕΩΣ ΤΗΣ ΕΛΕΥΘΕΡΑΣ ΕΚΦΡΑΣΕΩΣ ΤΟΥ Α-Ι-ΚΟΥ ΦΡΟΝΗΜΑΤΟΣ

Αθήναι, 3. — Κατά τας πληροφορίας του υπουργείου και των αρμοδίων υπηρεσιών, η συζήτησις επί του θέματος συνεχίζεται με ενδιαφέρον δια την εξεύρεσιν λύσεως. Αι σχετικαί αποφάσεις αναμένονται εντός των προσεχών ημερών, ως ανεκοινώθη χθες. Αθήναι, 3. — Κατά τας πληροφορίας του υπουργείου και των αρμοδίων υπηρεσιών, η συζήτησις επί του θέματος συνεχίζεται με ενδιαφέρον δια την εξεύρεσιν λύσεως. Αι σχετικαί αποφάσεις αναμένονται εντός των προσεχών ημερών, ως ανεκοινώθη χθες. Αθήναι, 3. — Κατά τας πληροφορίας του υπουργείου και των αρμοδίων υπηρεσιών, η συζήτησις επί του θέματος συνεχίζεται με ενδιαφέρον δια την εξεύρεσιν λύσεως. Αι σχετικαί αποφάσεις αναμένονται εντός των προσεχών ημερών, ως ανεκοινώθη χθες. Αθήναι, 3. — Κατά τας πληροφορίας του υπουργείου και των αρμοδίων υπηρεσιών, η συζήτησις επί του θέματος συνεχίζεται με ενδιαφέρον δια την εξεύρεσιν λύσεως. Αι σχετικαί αποφάσεις αναμένονται εντός των προσεχών ημερών, ως ανεκοινώθη χθες. Αθήναι, 3. — Κατά τας πληροφορίας του υπουργείο

υ και των αρμοδίων υπηρεσιών, η συζήτησις επί του θέματος συνεχίζεται με ενδιαφέρον δια την εξεύρεσιν λύσεως. Αι σχετικαί αποφάσεις αναμένονται εντός των προσεχών ημερών, ως ανεκοινώθη χθες. Αθήναι, 3. — Κατά τας πληροφορίας του υπουργείου και των αρμοδίων υπηρεσιών, η συζήτησις επί του θέματος συνεχίζεται με ενδιαφέρον δια την εξεύρεσιν λύσεως. Αι σχετικαί αποφάσεις αναμένονται εντός των προσεχών ημερών, ως ανεκοινώθη χθες. Αθήναι, 3. — Κατά τας πληροφορίας του υπουργείου και των αρμοδίων υπηρεσιών, η συζήτησις επί του θέματος συνεχίζεται με ενδιαφέρον δια την εξεύρεσιν λύσεως. Αι σχετικαί αποφάσεις αναμένονται εντός των προσεχών ημερών, ως ανεκοινώθη χθες.

ΒΑΡΕΙΑ ΚΑΤΑΔΙΚΗ ΔΥΟ ΑΔΕΛΦΩΝ ΔΙΑ ΑΡΧΑΙΟΚΑΠΗΛΕΙΑΝ

Αθήναι, 3. — Κατά τας πληροφορίας του υπουργείου και των αρμοδίων υπηρεσιών, η συζήτησις επί του θέματος συνεχίζεται με ενδιαφέρον δια την εξεύρεσιν λύσεως. Αι σχετικαί αποφάσεις αναμένονται εντός των προσεχών ημερών, ως ανεκοινώθη χθες. Αθήναι, 3. — Κατά τας πληροφορίας του υπουργείου και των αρμοδίων υπηρεσιών, η συζήτησις επί του θέματος συνεχίζεται με ενδιαφέρον δια την εξεύρεσιν λύσεως. Αι σχετικαί αποφάσεις αναμένονται εντός των προσεχών ημερών, ως ανεκοινώθη χθες. Αθήναι, 3. — Κατά τας πληροφορίας του υπουργείου και των αρμοδίων υπηρεσιών, η συζήτησις επί το

υ θέματος συνεχίζεται με ενδιαφέρον δια την εξεύρεσιν λύσεως. Αι σχετικαί αποφάσεις αναμένονται εντός των προσεχών ημερών, ως ανεκοινώθη χθες. Αθήναι, 3. — Κατά τας πληροφορίας του υπουργείου και των αρμοδίων υπηρεσιών, η συζήτησις επί του θέματος συνεχίζεται με ενδιαφέρον δια την εξεύρεσιν λύσεως. Αι σχετικαί αποφάσεις αναμένονται εντός των προσεχών ημερών, ως ανεκοινώθη χθες.

ΠΡΩΗΝ ΔΙΑΚΟΝΟΣ ΚΑΤΕΔΙΚΑΣΘΗ ΔΙΑ ΒΙΑΣΜΟΝ

Αθήναι, 3. — Κατά τας πληροφορίας του υπουργείου και των αρμοδίων υπηρεσιών, η συζήτησις επί του θέματος συνεχίζεται με ενδιαφέρον δια την εξεύρεσιν λύσεως. Αι σχετικαί αποφάσεις αναμένονται εντός των προσεχών ημερών, ως ανεκοινώθη χθες. Αθήναι, 3. — Κατά τας πληροφορίας του υπουργείου και των αρμοδίων υπηρεσιών, η συζήτησις επί του θέματος συνεχίζεται με ενδιαφέρον δια την εξεύρεσιν λύσεως. Αι σχετικαί αποφάσεις αναμένονται εντός των προσεχών ημερών, ως ανεκοινώθη χθες. Αθήναι, 3. — Κατά τας πληροφορίας του υπουργείου και των αρμοδίων υπηρεσιών, η συζήτησις επί το

υ θέματος συνεχίζεται με ενδιαφέρον δια την εξεύρεσιν λύσεως. Αι σχετικαί αποφάσεις αναμένονται εντός των προσεχών ημερών, ως ανεκοινώθη χθες. Αθήναι, 3. — Κατά τας πληροφορίας του υπουργείου και των αρμοδίων υπηρεσιών, η συζήτησις επί του θέματος συνεχίζεται με ενδιαφέρον δια την εξεύρεσιν λύσεως. Αι σχετικαί αποφάσεις αναμένονται εντός των προσεχών ημερών, ως ανεκοινώθη χθες.

ΑΠΕΘΑΝΕΝ ΕΝΩ ΑΝΕΜΕΝΕ ΝΑ ΛΑΒΗ ΤΗΝ ΣΥΝΤΑΞΙΝ

Αθήναι, 3. — Κατά τας πληροφορίας του υπουργείου και των αρμοδίων υπηρεσιών, η συζήτησις επί του θέματος συνεχίζεται με ενδιαφέρον δια την εξεύρεσιν λύσεως. Αι σχετικαί αποφάσεις αναμένονται εντός των προσεχών ημερών, ως ανεκοινώθη χθες. Αθήναι, 3. — Κατά τας πληροφορίας του υπουργείου και των αρμοδίων υπηρεσιών, η συζήτησις επί του θέματος συνεχίζεται με ενδιαφέρον δια την εξεύρεσιν λύσεως. Αι σχετικαί αποφάσεις αναμένονται

εντός των προσεχών ημερών, ως ανεκοινώθη χθες. Αθήναι, 3. — Κατά τας πληροφορίας του υπουργείου και των αρμοδίων υπηρεσιών, η συζήτησις επί του θέματος συνεχίζεται με ενδιαφέρον δια την εξεύρεσιν λύσεως. Αι σχετικαί αποφάσεις αναμένονται εντός των προσεχών ημερών, ως ανεκοινώθη χθες.

ΟΙ ΕΚΤΑΚΤΟΙ ΥΠΑΛΛΗΛΟΙ ΤΟΥ ΥΠΟΥΡΓΕΙΟΥ ΓΕΩΡΓΙΑΣ

Αθήναι, 3. — Κατά τας πληροφορίας του υπουργείου και των αρμοδίων υπηρεσιών, η συζήτησις επί του θέματος συνεχίζεται με ενδιαφέρον δια την εξεύρεσιν λύσεως. Αι σχετικαί αποφάσεις αναμένονται εντός των προσεχών ημερών, ως ανεκοινώθη χθες. Αθήναι, 3. — Κατά τας πληροφορίας του υπουργείου και των αρμοδίων υπηρεσιών, η συζήτησις επί του θέματος συνεχίζεται με ενδιαφέρον δια την εξεύρεσιν λύσεως. Αι σχετικαί αποφάσεις αναμένονται εντός των προσεχών ημερών, ως ανεκοινώθη χθες. Αθήναι, 3. — Κατά τας πληροφορίας του υπουργείου και των αρμοδίων υπηρεσιών, η συζήτησις επί του θέματος συνεχίζεται με ενδιαφέρον δια την εξεύρεσιν λύσεως. Αι σχετικαί αποφάσεις αναμένονται εντός των προσεχών ημερών, ως ανεκοινώθη χθες.

Αθήναι, 3. — Κατά τας πληροφορίας του υπουργείου και των αρμοδίων υπηρεσιών, η συζήτησις επί του θέματος συνεχίζεται με ενδιαφέρον δια την εξεύρεσιν λύσεως. Αι σχετικαί αποφάσεις αναμένονται εντός των προσεχών ημερών, ως ανεκοινώθη χθες. Αθήναι, 3. — Κατά τας πληροφορίας του υπουργείου και των αρμοδίων υπηρεσιών, η συζήτησις επί του θέματος συνεχίζεται με ενδιαφέρον δια την εξεύρεσιν λύσεως. Αι σχετικαί αποφάσεις αναμένονται εντός των προσεχών ημερών, ως ανεκοινώθη χθες.

ΚΑΤΑΒΟΛΗ ΑΝΑΔΡΟΜΙΚΩΝ ΕΙΣ ΣΙΔΗΡΟΔΡΟΜΙΚΟΥΣ

Αθήναι, 3. — Κατά τας πληροφορίας του υπουργείου και των αρμοδίων υπηρεσιών, η συζήτησις επί του θέματος συνεχίζεται με ενδιαφέρον δια την εξεύρεσιν λύσεως. Αι σχετικαί αποφάσεις αναμένονται εντός των προσεχών ημερών, ως ανεκοινώθη χθες. Αθήναι, 3. — Κατά τας πληροφορίας του υπουργείου και των αρμοδίων υπηρεσιών, η συζήτησις επί του θέματος συνεχίζεται με ενδιαφέρον δια την εξεύρεσιν λύσεως. Αι σχετικαί αποφάσεις αναμένονται εντός των προσεχών ημερών, ως ανεκοινώθη χθες. Αθήναι, 3. — Κατά τας πληροφορίας του υπουργείου και των αρμοδίων υπηρεσιών, η συζήτησις επί το

υ θέματος συνεχίζεται με ενδιαφέρον δια την εξεύρεσιν λύσεως. Αι σχετικαί αποφάσεις αναμένονται εντός των προσεχών ημερών, ως ανεκοινώθη χθες. Αθήναι, 3. — Κατά τας πληροφορίας του υπουργείου και των αρμοδίων υπηρεσιών, η συζήτησις επί του θέματος συνεχίζεται με ενδιαφέρον δια την εξεύρεσιν λύσεως. Αι σχετικαί αποφάσεις αναμένονται εντός των προσεχών ημερών, ως ανεκοινώθη χθες.

ΤΟ «ΕΡΓΑΣΤΗΡΙΟΝ ΚΕΝΤΗΜΑΤΩΝ»

Αθήναι, 3. — Κατά τας πληροφορίας του υπουργείου και των αρμοδίων υπηρεσιών, η συζήτησις επί του θέματος συνεχίζεται με ενδιαφέρον δια την εξεύρεσιν λύσεως. Αι σχετικαί αποφάσεις αναμένονται εντός των προσεχών ημερών, ως ανεκοινώθη χθες. Αθήναι, 3. — Κατά τας πληροφορίας του υπουργείου και των αρμοδίων υπηρεσιών, η συζήτησις επί του θέματος συνεχίζεται με ενδιαφέρον δια την εξεύρεσιν λύσεως. Αι σχετικαί αποφάσεις αναμένονται

εντός των προσεχών ημερών, ως ανεκοινώθη χθες. Αθήναι, 3. — Κατά τας πληροφορίας του υπουργείου και των αρμοδίων υπηρεσιών, η συζήτησις επί του θέματος συνεχίζεται με ενδιαφέρον δια την εξεύρεσιν λύσεως. Αι σχετικαί αποφάσεις αναμένονται εντός των προσεχών ημερών, ως ανεκοινώθη χθες.

ΒΟΛΗ ΠΥΡΟΒΟΛΙΚΟΥ

Αθήναι, 3. — Κατά τας πληροφορίας του υπουργείου και των αρμοδίων υπηρεσιών, η συζήτησις επί του θέματος συνεχίζεται με ενδιαφέρον δια την εξεύρεσιν λύσεως. Αι σχετικαί αποφάσεις αναμένονται εντός των προσεχών ημερών, ως ανεκοινώθη χθες. Αθήναι, 3. — Κατά τας πληροφορίας του υπουργείου και των αρμοδίων υπηρεσιών, η συζήτησις επί του θέματος συνεχίζεται με ενδιαφέρον δια την εξεύρεσιν λύσεως. Αι σχετικαί αποφάσεις αναμένονται εντός των προσεχών ημερών, ως ανεκοινώθη χθες. Αθήναι, 3. — Κατά τας πληροφορίας του υπουργείου και των αρμοδίων υπηρεσιών, η συζήτησις επί του θέματος συνεχίζεται με ενδιαφέρον δια την εξεύρεσιν λύσεως. Αι σχετικαί αποφάσεις αναμένονται εντός των προσεχών ημερών, ως ανεκοινώθη χθες.

Αθήναι, 3. — Κατά τας πληροφορίας του υπουργείου και των αρμοδίων υπηρεσιών, η συζήτησις επί του θέματος συνεχίζεται με ενδιαφέρον δια την εξεύρεσιν λύσεως. Αι σχετικαί αποφάσεις αναμένονται εντός των προσεχών ημερών, ως ανεκοινώθη χθες. Αθήναι, 3. — Κατά τας πληροφορίας του υπουργείου και των αρμοδίων υπηρεσιών, η συζήτησις επί του θέματος συνεχίζεται με ενδιαφέρον δια την εξεύρεσιν λύσεως. Αι σχετικαί αποφάσεις αναμένονται εντός των προσεχών ημερών, ως ανεκοινώθη χθες.

ΟΙ ΒΙΟΜΗΧΑΝΟΙ ΖΗΤΟΥΝ ΝΑ ΑΠΟΚΛΕΙΣΘΗ Η ΔΥΝΑΤΟΤΗΣ ΑΣΚΗΣΕΩΣ ΕΜΠΟΡΙΑΣ ΚΑΙ ΕΞΑΓΩΓΗΣ ΤΩΝ ΠΡΟΪΟΝΤΩΝ ΥΠΟ ΤΟΥ ΟΡΓΑΝΙΣΜΟΥ ΑΝΑΠΤΥΞΕΩΣ ΤΩΝ ΕΞΑΓΩΓΩΝ

Αθήναι, 3. — Κατά τας πληροφορίας του υπουργείου και των αρμοδίων υπηρεσιών, η συζήτησις επί του θέματος συνεχίζεται με ενδιαφέρον δια την εξεύρεσιν λύσεως. Αι σχετικαί αποφάσεις αναμένονται εντός των προσεχών ημερών, ως ανεκοινώθη χθες. Αθήναι, 3. — Κατά τας πληροφορίας του υπουργείου και των αρμοδίων υπηρεσιών, η συζήτησις επί του θέματος συνεχίζεται με ενδιαφέρον δια την εξεύρεσιν λύσεως. Αι σχετικαί αποφάσεις αναμένονται εντός των προσεχών ημερών, ως ανεκοινώθη χθες. Αθήναι, 3. — Κατά τας πληροφορίας του υπουργείου και των αρμοδίων υπηρεσιών, η συζήτησις επί του θέματος συνεχίζεται με ενδιαφέρον δια την εξεύρεσιν λύσεως. Αι σχετικαί αποφάσεις αναμένονται εντός των προσεχών ημερών, ως ανεκοινώθη χθες. Αθήναι, 3. — Κατά τας πληροφορίας του υπουργείου και των αρμοδίων υπηρεσιών, η συζήτησις επί του θέματος συνεχίζεται με ενδιαφέρον δια την εξεύρεσιν λύσεως. Αι σχετικαί αποφάσεις αναμένονται εντός των προσεχών ημερών, ως ανεκοινώθη χθες. Αθήναι, 3. — Κατά τας πληροφορίας του υπουργείου και των αρμοδίων υπηρεσιών, η συζήτησις επί του θέματος συνεχίζεται με ενδιαφέρον δια την εξεύρεσιν λύσεως. Αι σχετικαί αποφάσεις αναμένονται εντός των προσεχών ημερών, ως ανεκοινώθη χθες. Αθήναι, 3. — Κατά τας πληροφορίας του υπουργείου και των αρμοδίων υπηρεσιών, η συζήτησις επί του θέματος συνεχίζεται με ενδιαφέρον δια την εξεύρεσιν λύσεως. Αι σχετικαί αποφάσεις αναμένονται εντός των προσεχών ημερών, ως ανεκοινώθη χθες. Αθήναι, 3. — Κατά τας πληροφορίας του υπουργείου και των αρμοδίων υπηρεσιών, η συζήτησις επί του θέματος συνεχίζεται με ενδιαφέρον δια την εξεύρεσιν λύσεως. Αι σχετικαί αποφάσεις αναμένονται εντός των προσεχών ημερών, ως ανεκοινώθη χθες. Αθήναι, 3. — Κατά τας πληροφορίας του υπουργείου και των αρμοδίων υπηρεσιών, η συζήτησις επί του θέματος συνεχίζεται με ενδιαφέρον δια την εξεύρεσιν λύσεως. Αι σχετικαί αποφάσεις αναμένονται εντός των προσεχών ημερών, ως ανεκοινώθη χθες. Αθήναι, 3. — Κατά τας πληροφορίας του υπουργείου και των αρμοδίων υπηρεσιών, η συζήτησις επί του θέματος συνεχίζεται με ενδιαφέρον δια την εξεύρεσιν λύσεως. Αι σχετικαί αποφάσεις αναμένονται εντός των προσεχών ημερών, ως ανεκοινώθη χθες. Αθήναι, 3. — Κατά τας πληροφορίας του υπουργείου και των αρμοδίων υπηρεσιών, η συζήτησις επί του θέματος συνεχίζεται με ενδιαφέρον δια την εξεύρεσιν λύσεως. Αι σχετικαί αποφάσεις αναμένονται εντός των προσεχών ημερών, ως ανεκοινώθη χθες. Αθήναι, 3. — Κατά τας πληροφορίας του υπουργείου και των αρμοδίων υπηρεσιών, η συζήτησις επί του θέματος συνεχίζεται με ενδιαφέρον δια την εξεύρεσιν λύσεως. Αι σχετικαί αποφάσεις αναμένονται εντός των προσεχών ημερών, ως ανεκοινώθη χθες. Αθήναι, 3. — Κατά τας πληροφορίας του υπουργείου και των αρμοδίων υπηρεσιών, η συζήτησις επί του θέματος συνεχίζεται με ενδιαφέρον δια την εξεύρεσιν λύσεως. Αι σχετικαί αποφάσεις αναμένονται εντός των προσεχών ημερών, ως ανεκοινώθη χθες. Αθήναι, 3. — Κατά τας πληροφορίας του υπουργείου και των αρμοδίων υπηρεσιών, η συζήτησις επί του θέματος συνεχίζεται με ενδιαφέρον δια την εξεύρεσιν λύσεως. Αι σχετικαί αποφάσεις αναμένονται εντός των προσεχών ημερών, ως ανεκοινώθη χθες. Αθήναι, 3. — Κατά τας πληροφορίας του υπουργείου και των αρμοδίων υπηρεσιών, η συζήτησις επί του θέματος συνεχίζεται με ενδιαφέρον δια την εξεύρεσιν λύσεως. Αι σχετικαί αποφάσεις αναμένονται εντός των προσεχών ημερών, ως ανεκοινώθη χθες. Αθήναι, 3. — Κατά τας πληροφορίας του υπουργείου και των αρμοδίων υπηρεσιών, η συζήτησις επί του θέματος συνεχίζεται με ενδιαφέρον δια την εξεύρεσιν λύσεως. Αι σχετικαί αποφάσεις αναμένονται εντός των προσεχών ημερών, ως ανεκοινώθη χθες. Αθήναι, 3. — Κατά τας πληροφορίας του υπουργείου και των αρμοδίων υπηρεσιών, η συζήτησις επί του θέματος συνεχίζεται με ενδιαφέρον δια την εξεύρεσιν λύσεως. Αι σχετικαί αποφάσεις αναμένονται εντός των προσεχών ημερών, ως ανεκοινώθη χθες. Αθήναι, 3. — Κατά τας πληροφορίας του υπουργείο

ΚΑΘΟΡΙΖΟΝΤΑΙ ΟΙ ΣΚΟΠΟΙ

υ και των αρμοδίων υπηρεσιών, η συζήτησις επί του θέματος συνεχίζεται με ενδιαφέρον δια την εξεύρεσιν λύσεως. Αι σχετικαί αποφάσεις αναμένονται εντός των προσεχών ημερών, ως ανεκοινώθη χθες. Αθήναι, 3. — Κατά τας πληροφορίας του υπουργείου και των αρμοδίων υπηρεσιών, η συζήτησις επί του θέματος συνεχίζεται με ενδιαφέρον δια την εξεύρεσιν λύσεως. Αι σχετικαί αποφάσεις αναμένονται εντός των προσεχών ημερών, ως ανεκοινώθη χθες. Αθήναι, 3. — Κατά τας πληροφορίας του υπουργείου και των αρμοδίων υπηρεσιών, η συζήτησις επί του θέματος συνεχίζεται με ενδιαφέρον δια την εξεύρεσιν λύσεως. Αι σχετικαί αποφάσεις αναμένονται εντός των προσεχών ημερών, ως ανεκοινώθη χθες. Αθήναι, 3. — Κατά τας πληροφορίας του υπουργείου και των αρμοδίων υπηρεσιών, η συζήτησις επί του θέματος συνεχίζεται με ενδιαφέρον δια την εξεύρεσιν λύσεως. Αι σχετικαί αποφάσεις αναμένονται εντός των προσεχών ημερών, ως ανεκοινώθη χθες. Αθήναι, 3. — Κατά τας πληροφορίας του υπουργείου και των αρμοδίων υπηρεσιών, η συζήτησις επί του θέματος συνεχίζεται με ενδιαφέρον δια την εξεύρεσιν λύσεως. Αι σχετικαί αποφάσεις αναμένονται εντός των προσεχών ημερών, ως ανεκοινώθη χθες. Αθήναι, 3. — Κατά τας πληροφορίας του υπουργείου και των αρμοδίων υπηρεσιών, η συζήτησις επί του θέματος συνεχίζεται με ενδιαφέρον δια την εξεύρεσιν λύσεως. Αι σχετικαί αποφάσεις αναμένονται εντός των προσεχών ημερών, ως ανεκοινώθη χθες. Αθήναι, 3. — Κατά τας πληροφορίας του υπουργείου και των αρμοδίων υπηρεσιών, η συζήτησις επί του θέματος συνεχίζεται με ενδιαφέρον δια την εξεύρεσιν λύσεως. Αι σχετικαί αποφάσεις αναμένονται εντός των προσεχών ημερών, ως ανεκοινώθη χθες. Αθήναι, 3. — Κατά τας πληροφορίας του υπουργείου και των αρμοδίων υπηρεσιών, η συζήτησις επί του θέματος συνεχίζεται με ενδιαφέρον δια την εξεύρεσιν λύσεως. Αι σχετικαί αποφάσεις αναμένονται εντός των προσεχών ημερών, ως ανεκοινώθη χθες. Αθήναι, 3. — Κατά τας πληροφορίας του υπουργείου και των αρμοδίων υπηρεσιών, η συζήτησις επί του θέματος συνεχίζεται με ενδιαφέρον δια την εξεύρεσιν λύσεως. Αι σχετικαί αποφάσεις αναμένονται εντός των προσεχών ημερών, ως ανεκοινώθη χθες. Αθήναι, 3. — Κατά τας πληροφορίας του υπουργείου και των αρμοδίων υπηρεσιών, η συζήτησις επί του θέματος συνεχίζεται με ενδιαφέρον δια την εξεύρεσιν λύσεως. Αι σχετικαί αποφάσεις αναμένονται εντός των προσεχών ημερών, ως ανεκοινώθη χθες. Αθήναι, 3. — Κατά τας πληροφορίας του υπουργείου και των αρμοδίων υπηρεσιών, η συζήτησις επί του θέματος συνεχίζεται με ενδιαφέρον δια την εξεύρεσιν λύσεως. Αι σχετικαί αποφάσεις αναμένονται εντός των προσεχών ημερών, ως ανεκοινώθη χθες.

ΥΠΗΡΕΣΙΑΙ ΕΙΣ ΑΝΤΙΠΑΡΟΧΗΝ

Αθήναι, 3. — Κατά τας πληροφορίας του υπουργείου και των αρμοδίων υπηρεσιών, η συζήτησις επί του θέματος συνεχίζεται με ενδιαφέρον δια την εξεύρεσιν λύσεως. Αι σχετικαί αποφάσεις αναμένονται εντός των προσεχών ημερών, ως ανεκοινώθη χθες. Αθήναι, 3. — Κατά τας πληροφορίας του υπουργείου και των αρμοδίων υπηρεσιών, η συζήτησις επί του θέματος συνεχίζεται με ενδιαφέρον δια την εξεύρεσιν λύσεως. Αι σχετικαί αποφάσεις αναμένονται εντός των προσεχών ημερών, ως ανεκοινώθη χθες. Αθήναι, 3. — Κατά τας πληροφορίας του υπουργείου και των αρμοδίων υπηρεσιών, η συζήτησις επί του θέματος συνεχίζεται με ενδιαφέρον δια την εξεύρεσιν λύσεως. Αι σχετικαί αποφάσεις αναμένονται εντός των προσεχών ημερών, ως ανεκοινώθη χθες. Αθήναι, 3. — Κατά τας πληροφορίας του υπουργείου και των αρμοδίων υπηρεσιών, η συζήτησις επί του θέματος συνεχίζεται με ενδιαφέρον δια την εξεύρεσιν λύσεως. Αι σχετικαί αποφάσεις αναμένονται εντός των προσεχών ημερών, ως ανεκοινώθη χθες. Αθήναι, 3. — Κατά τας πληροφορίας του υπουργείου και των αρμοδίων υπηρεσιών, η συζήτησις επί του θέματος συνεχίζεται με ενδιαφέρον δια την εξεύρεσιν λύσεως. Αι σχετικαί αποφάσεις αναμένονται εντός των προσεχών ημερών, ως ανεκοινώθη χθες. Αθήναι, 3. — Κατά τας πληροφορίας του υπουργείου και των αρμοδίων υπηρεσιών, η συζήτησις επί το

υ θέματος συνεχίζεται με ενδιαφέρον δια την εξεύρεσιν λύσεως. Αι σχετικαί αποφάσεις αναμένονται εντός των προσεχών ημερών, ως ανεκοινώθη χθες. Αθήναι, 3. — Κατά τας πληροφορίας του υπουργείου και των αρμοδίων υπηρεσιών, η συζήτησις επί του θέματος συνεχίζεται με ενδιαφέρον δια την εξεύρεσιν λύσεως. Αι σχετικαί αποφάσεις αναμένονται εντός των προσεχών ημερών, ως ανεκοινώθη χθες. Αθήναι, 3. — Κατά τας πληροφορίας του υπουργείου και των αρμοδίων υπηρεσιών, η συζήτησις επί του θέματος συνεχίζεται με ενδιαφέρον δια την εξεύρεσιν λύσεως. Αι σχετικαί αποφάσεις αναμένονται εντός των προσεχών ημερών, ως ανεκοινώθη χθες. Αθήναι, 3. — Κατά τας πληροφορίας του υπουργείου και των αρμοδίων υπηρεσιών, η συζήτησις επί του θέματος συνεχίζεται με ενδιαφέρον δια την εξεύρεσιν λύσεως. Αι σχετικαί αποφάσεις αναμένονται εντός των προσεχών ημερών, ως ανεκοινώθη χθες.

ΠΤΩΜΟΤΗΣ ΤΩΝ ΣΕΚ ΚΙΝΟΥΜΕΝΗ ΠΡΟΣ ΤΗΝ ΕΙΔΟΜΕΝΗΝ ΚΑΤΕΣΤΡΕΨΕΝ ΟΛΟΣΧΕΡΩΣ ΚΑΡΡΟΝ ΕΠΙ ΔΙΑΒΑΣΕΩΣ

Αθήναι, 3. — Κατά τας πληροφορίας του υπουργείου και των αρμοδίων υπηρεσιών, η συζήτησις επί του θέματος συνεχίζεται με ενδιαφέρον δια την εξεύρεσιν λύσεως. Αι σχετικαί αποφάσεις αναμένονται εντός των προσεχών ημερών, ως ανεκοινώθη χθες. Αθήναι, 3. — Κατά τας πληροφορίας του υπουργείου και των αρμοδίων υπηρεσιών, η συζήτησις επί του θέματος συνεχίζεται με ενδιαφέρον δια την εξεύρεσιν λύσεως. Αι σχετικαί αποφάσεις αναμένονται εντός των προσεχών ημερών, ως ανεκοινώθη χθες. Αθήναι, 3. — Κατά τας πληροφορίας του υπουργείου και των αρμοδίων υπηρεσιών, η συζήτησις επί το

υ θέματος συνεχίζεται με ενδιαφέρον δια την εξεύρεσιν λύσεως. Αι σχετικαί αποφάσεις αναμένονται εντός των προσεχών ημερών, ως ανεκοινώθη χθες. Αθήναι, 3. — Κατά τας πληροφορίας του υπουργείου και των αρμοδίων υπηρεσιών, η συζήτησις επί του θέματος συνεχίζεται με ενδιαφέρον δια την εξεύρεσιν λύσεως. Αι σχετικαί αποφάσεις αναμένονται εντός των προσεχών ημερών, ως ανεκοινώθη χθες.

Ο ΚΑΡΡΑΓΩΓΕΥΣ ΕΠΗΔΗΣΕ ΚΑΙ ΕΜΟΛΑΠΗΘΗ ΕΚ ΠΤΩΣΕΩΣ

Αθήναι, 3. — Κατά τας πληροφορίας του υπουργείου και των αρμοδίων υπηρεσιών, η συζήτησις επί του θέματος συνεχίζεται με ενδιαφέρον δια την εξεύρεσιν λύσεως. Αι σχετικαί αποφάσεις αναμένονται εντός των προσεχών ημερών, ως ανεκοινώθη χθες. Αθήναι, 3. — Κατά τας πληροφορίας του υπουργείου και των αρμοδίων υπηρεσιών, η συζήτησις επί του θέματος συνεχίζεται με ενδιαφέρον δια την εξεύρεσιν λύσεως. Αι σχετικαί αποφάσεις αναμένονται εντός των προσεχών ημερών, ως ανεκοινώθη χθες. Αθήναι, 3. — Κατά τας πληροφορίας του υπουργείου και των αρμοδίων υπηρεσιών, η συζήτησις επί του θέματος συνεχίζεται με ενδιαφέρον δια την εξεύρεσιν λύσεως. Αι σχετικαί αποφάσεις αναμένονται εντός των προσεχών ημερών, ως ανεκοινώθη χθες.

Αθήναι, 3. — Κατά τας πληροφορίας του υπουργείου και των αρμοδίων υπηρεσιών, η συζήτησις επί του θέματος συνεχίζεται με ενδιαφέρον δια την εξεύρεσιν λύσεως. Αι σχετικαί αποφάσεις αναμένονται εντός των προσεχών ημερών, ως ανεκοινώθη χθες. Αθήναι, 3. — Κατά τας πληροφορίας του υπουργείου και των αρμοδίων υπηρεσιών, η συζήτησις επί του θέματος συνεχίζεται με ενδιαφέρον δια την εξεύρεσιν λύσεως. Αι σχετικαί αποφάσεις αναμένονται εντός των προσεχών ημερών, ως ανεκοινώθη χθες.

ΔΥΟ ΕΦΟΝΕΥΘΗΣΑΝ ΚΑΙ ΔΕΚΑ ΕΤΡΑΥΜΑΤΙΣΘΗΣΑΝ ΕΚ ΤΩΝ ΔΙΑΦΟΡΩΝ ΤΡΟΧΑΙΩΝ ΔΥΣΤΥΧΗΜΑΤΩΝ ΕΙΣ ΤΗΝ ΘΕΣΣΑΛΟΝΙΚΗΝ ΚΑΙ ΕΙΣ ΑΛΛΑΣ ΠΕΡΙΟΧΑΣ

Αθήναι, 3. — Κατά τας πληροφορίας του υπουργείου και των αρμοδίων υπηρεσιών, η συζήτησις επί του θέματος συνεχίζεται με ενδιαφέρον δια την εξεύρεσιν λύσεως. Αι σχετικαί αποφάσεις αναμένονται εντός των προσεχών ημερών, ως ανεκοινώθη χθες. Αθήναι, 3. — Κατά τας πληροφορίας του υπουργείου και των αρμοδίων υπηρεσιών, η συζήτησις επί του θέματος συνεχίζεται με ενδιαφέρον δια την εξεύρεσιν λύσεως. Αι σχετικαί αποφάσεις αναμένονται εντός των προσεχών ημερών, ως ανεκοινώθη χθες. Αθήναι, 3. — Κατά τας πληροφορίας του υπουργείου και των αρμοδίων υπηρεσιών, η συζήτησις επί του θέματος συνεχίζεται με ενδιαφέρον δια την εξεύρεσιν λύσεως. Αι σχετικαί αποφάσεις αναμένονται εντός των προσεχών ημερών, ως ανεκοινώθη χθες. Αθήναι, 3. — Κατά τας πληροφορίας του υπουργείου και των αρμοδίων υπηρεσιών, η συζήτησις επί του θέματος συνεχίζεται με ενδιαφέρον δια την εξεύρεσιν λύσεως. Αι σχετικαί αποφάσεις αναμένονται εντός των προσεχών ημερών, ως ανεκοινώθη χθες. Αθήναι, 3. — Κατά τας πληροφορίας του υπουργείου και των αρμοδίων υπηρεσιών, η συζήτησις επί του θέματος συνεχίζεται με ενδιαφέρον δια την εξεύρεσιν λύσεως. Αι σχετικαί αποφάσεις αναμένονται εντός των προσεχών ημερών, ως ανεκοινώθη χθες. Αθήναι, 3. — Κατά τας πληροφορίας του υπουργείου και των αρμοδίων υπηρεσιών, η συζήτησις επί του θέματος συνεχίζεται με ενδιαφέρον δια την εξεύρεσιν λύσεως. Αι σχετικαί αποφάσεις αναμένονται εντός των προσεχών ημερών, ως ανεκοινώθη χθες. Αθήναι, 3. — Κατά τας πληροφορίας του υπουργείου και των αρμοδίων υπηρεσιών, η συζήτησις επί του θέματος συνεχίζεται με ενδιαφέρον δια την εξεύρεσιν λύσεως. Αι σχετικαί αποφάσεις αναμένονται εντός των προσεχών ημερών, ως ανεκοινώθη χθες. Αθήναι, 3. — Κατά τας πληροφορίας του υπουργείου και των αρμοδίων υπηρεσιών, η συζήτησις επί του θέματος συνεχίζεται με ενδιαφέρον δια την εξεύρεσιν λύσεως. Αι σχετικαί αποφάσεις αναμένονται εντός των προσεχών ημερών, ως ανεκοινώθη χθες. Αθήναι, 3. — Κατά τας πληροφορίας του υπουργείου και των αρμοδίων υπηρεσιών, η συζήτησις επί του θέματος συνεχίζεται με ενδιαφέρον δια την εξεύρεσιν λύσεως. Αι σχετικαί αποφάσεις αναμένονται εντός των προσεχών ημερών, ως ανεκοινώθη χθες. Αθήναι, 3. — Κατά τας πληροφορίας του υπουργείου και των αρμοδίων υπηρεσιών, η συζήτησις επί του θέματος συνεχίζεται με ενδιαφέρον δια την εξεύρεσιν λύσεως. Αι σχετικαί αποφάσεις αναμένονται εντός των προσεχών ημερών, ως ανεκοινώθη χθες. Αθήναι, 3. — Κατά τας πληροφορίας του υπουργείου και των αρμοδίων υπηρεσιών, η συζήτησις επί του θέματος συνεχίζεται με ενδιαφέρον δια την εξεύρεσιν λύσεως. Αι σχετικαί αποφάσεις αναμένονται εντός των προσεχών ημερών, ως ανεκοινώθη χθες. Αθήναι, 3. — Κατά τας πληροφορίας του υπουργείου και των αρμοδίων υπηρεσιών, η συζήτησις επί το

ΕΦΟΝΕΥΘΗ ΔΟΚΙΜΟΣ

υ θέματος συνεχίζεται με ενδιαφέρον δια την εξεύρεσιν λύσεως. Αι σχετικαί αποφάσεις αναμένονται εντός των προσεχών ημερών, ως ανεκοινώθη χθες. Αθήναι, 3. — Κατά τας πληροφορίας του υπουργείου και των αρμοδίων υπηρεσιών, η συζήτησις επί του θέματος συνεχίζεται με ενδιαφέρον δια την εξεύρεσιν λύσεως. Αι σχετικαί αποφάσεις αναμένονται εντός των προσεχών ημερών, ως ανεκοινώθη χθες. Αθήναι, 3. — Κατά τας πληροφορίας του υπουργείου και των αρμοδίων υπηρεσιών, η συζήτησις επί του θέματος συνεχίζεται με ενδιαφέρον δια την εξεύρεσιν λύσεως. Αι σχετικαί αποφάσεις αναμένονται εντός των προσεχών ημερών, ως ανεκοινώθη χθες. Αθήναι, 3. — Κατά τας πληροφορίας του υπουργείου και των αρμοδίων υπηρεσιών, η συζήτησις επί του θέματος συνεχίζεται με ενδιαφέρον δια την εξεύρεσιν λύσεως. Αι σχετικαί αποφάσεις αναμένονται εντός των προσεχών ημερών, ως ανεκοινώθη χθες. Αθήναι, 3. — Κατά τας πληροφορίας του υπουργείου και των αρμοδίων υπηρεσιών, η συζήτησις επί του θέματος συνεχίζεται με ενδιαφέρον δια την εξεύρεσιν λύσεως. Αι σχετικαί αποφάσεις αναμένονται εντός των προσεχών ημερών, ως ανεκοινώθη χθες. Αθήναι, 3. — Κατά τας πληροφορίας του υπουργείου και των αρμοδίων υπηρεσιών, η συζήτησις επί του θέματος συνεχίζεται με ενδιαφέρον δια την εξεύρεσιν λύσεως. Αι σχετικαί αποφάσεις αναμένονται εντός των προσεχών ημερών, ως ανεκοινώθη χθες. Αθήναι, 3. — Κατά τας πληροφορίας του υπουργείου και των αρμοδίων υπηρεσιών, η συζήτησις επί του θέματος συνεχίζεται με ενδιαφέρον δια την εξεύρεσιν λύσεως. Αι σχετικαί αποφάσεις αναμένονται εντός των προσεχών ημερών, ως ανεκοινώθη χθες. Αθήναι, 3. — Κατά τας πληροφορίας του υπουργείου και των αρμοδίων υπηρεσιών, η συζήτησις επί του θέματος συνεχίζεται με ενδιαφέρον δια την εξεύρεσιν λύσεως. Αι σχετικαί αποφάσεις αναμένονται εντός των προσεχών ημερών, ως ανεκοινώθη χθες.

Ο ΓΕΡΜΑΝΙΚΟΣ ΟΡΓΑΝΙΣΜΟΣ ΑΝΑΠΤΥΞΕΩΣ ΕΓΝΩΣΤΟΠΟΙΗΣΕΝ ΥΠΟ ΠΟΙΟΥΣ ΟΡΟΥΣ ΘΑ ΣΥΜΜΕΤΑΣΧΗ ΕΙΣ ΤΑΣ ΕΠΙΧΕΙΡΗΣΕΙΣ

Αθήναι, 3. — Κατά τας πληροφορίας του υπουργείου και των αρμοδίων υπηρεσιών, η συζήτησις επί του θέματος συνεχίζεται με ενδιαφέρον δια την εξεύρεσιν λύσεως. Αι σχετικαί αποφάσεις αναμένονται εντός των προσεχών ημερών, ως ανεκοινώθη χθες. Αθήναι, 3. — Κατά τας πληροφορίας του υπουργείου και των αρμοδίων υπηρεσιών, η συζήτησις επί του θέματος συνεχίζεται με ενδιαφέρον δια την εξεύρεσιν λύσεως. Αι σχετικαί αποφάσεις αναμένονται εντός των προσεχών ημερών, ως ανεκοινώθη χθες. Αθήναι, 3. — Κατά τας πληροφορίας του υπουργείου και των αρμοδίων υπηρεσιών, η συζήτησις επί του θέματος συνεχίζεται με ενδιαφέρον δια την εξεύρεσιν λύσεως. Αι σχετικαί αποφάσεις αναμένονται εντός των προσεχών ημερών, ως ανεκοινώθη χθες. Αθήναι, 3. — Κατά τας πληροφορίας του υπουργείου και των αρμοδίων υπηρεσιών, η συζήτησις επί του θέματος συνεχίζεται με ενδιαφέρον δια την εξεύρεσιν λύσεως. Αι σχετικαί αποφάσεις αναμένονται εντός των προσεχών ημερών, ως ανεκοινώθη χθες. Αθήναι, 3. — Κατά τας πληροφορίας του υπουργείου και των αρμοδίων υπηρεσιών, η συζήτησις επί του θέματος συνεχίζεται με ενδιαφέρον δια την εξεύρεσιν λύσεως. Αι σχετικαί αποφάσεις αναμένονται

εντός των προσεχών ημερών, ως ανεκοινώθη χθες. Αθήναι, 3. — Κατά τας πληροφορίας του υπουργείου και των αρμοδίων υπηρεσιών, η συζήτησις επί του θέματος συνεχίζεται με ενδιαφέρον δια την εξεύρεσιν λύσεως. Αι σχετικαί αποφάσεις αναμένονται εντός των προσεχών ημερών, ως ανεκοινώθη χθες. Αθήναι, 3. — Κατά τας πληροφορίας του υπουργείου και των αρμοδίων υπηρεσιών, η συζήτησις επί του θέματος συνεχίζεται με ενδιαφέρον δια την εξεύρεσιν λύσεως. Αι σχετικαί αποφάσεις αναμένονται εντός των προσεχών ημερών, ως ανεκοινώθη χθες. Αθήναι, 3. — Κατά τας πληροφορίας του υπουργείου και των αρμοδίων υπηρεσιών, η συζήτησις επί του θέματος συνεχίζεται με ενδιαφέρον δια την εξεύρεσιν λύσεως. Αι σχετικαί αποφάσεις αναμένονται εντός των προσεχών ημερών, ως ανεκοινώθη χθες.

ΜΕ ΕΠΙΣΗΜΟΤΗΤΑ ΗΡΧΙΣΑΝ ΕΙΣ ΤΑΣ ΑΘΗΝΑΣ ΑΙ ΕΡΓΑΣΙΑΙ ΤΟΥ 4ΟΥ ΣΥΝΕΔΡΙΟΥ ΤΟΥ ΕΥΡΩΠΑ-Ι-ΚΟΥ ΟΙΚΟΝΟΜΙΚΟΥ ΤΥΠΟΥ

Αθήναι, 3. — Κατά τας πληροφορίας του υπουργείου και των αρμοδίων υπηρεσιών, η συζήτησις επί του θέματος συνεχίζεται με ενδιαφέρον δια την εξεύρεσιν λύσεως. Αι σχετικαί αποφάσεις αναμένονται εντός των προσεχών ημερών, ως ανεκοινώθη χθες. Αθήναι, 3. — Κατά τας πληροφορίας του υπουργείου και των αρμοδίων υπηρεσιών, η συζήτησις επί του θέματος συνεχίζεται με ενδιαφέρον δια την εξεύρεσιν λύσεως. Αι σχετικαί αποφάσεις αναμένονται εντός των προσεχών ημερών, ως ανεκοινώθη χθες. Αθήναι, 3. — Κατά τας πληροφορίας του υπουργείου και των αρμοδίων υπηρεσιών, η συζήτησις επί του θέματος συνεχίζεται με ενδιαφέρον δια την εξεύρεσιν λύσεως. Αι σχετικαί αποφάσεις αναμένονται εντός των προσεχών ημερών, ως ανεκοινώθη χθες. Αθήναι, 3. — Κατά τας πληροφορίας του υπουργείου και των αρμοδίων υπηρεσιών, η συζήτησις επί του θέματος συνεχίζεται με ενδιαφέρον δια την εξεύρεσιν λύσεως. Αι σχετικαί αποφάσεις αναμένονται εντός των προσεχών ημερών, ως ανεκοινώθη χθες. Αθήναι, 3. — Κατά τας πληροφορίας του υπουργείου και των αρμοδίων υπηρεσιών, η συζήτησις επί του θέματος συνεχίζεται με ενδιαφέρον δια την εξεύρεσιν λύσεως. Αι σχετικαί αποφάσεις αναμένονται εντός των προσεχών ημερών, ως ανεκοινώθη χθες. Αθήναι, 3. — Κατά τας πληροφορίας του υπουργείου και των αρμοδίων υπηρεσιών, η συζήτησις επί το

υ θέματος συνεχίζεται με ενδιαφέρον δια την εξεύρεσιν λύσεως. Αι σχετικαί αποφάσεις αναμένονται εντός των προσεχών ημερών, ως ανεκοινώθη χθες. Αθήναι, 3. — Κατά τας πληροφορίας του υπουργείου και των αρμοδίων υπηρεσιών, η συζήτησις επί του θέματος συνεχίζεται με ενδιαφέρον δια την εξεύρεσιν λύσεως. Αι σχετικαί αποφάσεις αναμένονται εντός των προσεχών ημερών, ως ανεκοινώθη χθες. Αθήναι, 3. — Κατά τας πληροφορίας του υπουργείου και των αρμοδίων υπηρεσιών, η συζήτησις επί του θέματος συνεχίζεται με ενδιαφέρον δια την εξεύρεσιν λύσεως. Αι σχετικαί αποφάσεις αναμένονται εντός των προσεχών ημερών, ως ανεκοινώθη χθες. Αθήναι, 3. — Κατά τας πληροφορίας του υπουργείου και των αρμοδίων υπηρεσιών, η συζήτησις επί του θέματος συνεχίζεται με ενδιαφέρον δια την εξεύρεσιν λύσεως. Αι σχετικαί αποφάσεις αναμένονται εντός των προσεχών ημερών, ως ανεκοινώθη χθες.

Ο ΜΑΝΟΣ ΧΑΤΖΗΔΑΚΙΣ ΚΑΤΕΔΙΚΑΣΘΗ ΕΡΗΜΗΝ ΔΙ' ΕΞΥΒΡΙΣΙΝ ΤΟΥ ΣΩΜΑΤΕΙΟΥ ΤΩΝ ΗΘΟΠΟΙΩΝ

Αθήναι, 3. — Κατά τας πληροφορίας του υπουργείου και των αρμοδίων υπηρεσιών, η συζήτησις επί του θέματος συνεχίζεται με ενδιαφέρον δια την εξεύρεσιν λύσεως. Αι σχετικαί αποφάσεις αναμένονται εντός των προσεχών ημερών, ως ανεκοινώθη χθες. Αθήναι, 3. — Κατά τας πληροφορίας του υπουργείου και των αρμοδίων υπηρεσιών, η συζήτησις επί του θέματος συνεχίζεται με ενδιαφέρον δια την εξεύρεσιν λύσεως. Αι σχετικαί αποφάσεις αναμένονται εντός των προσεχών ημερών, ως ανεκοινώθη χθες. Αθήναι, 3. — Κατά τας πληροφορίας του υπουργείου και των αρμοδίων υπηρεσιών, η συζήτησις επί του θέματος συνεχίζεται με ενδιαφέρον δια την εξεύρεσιν λύσεως. Αι σχετικαί αποφάσεις αναμένονται εντός των προσεχών ημερών, ως ανεκοινώθη χθες. Αθήναι, 3. — Κατά τας πληροφορίας του υπουργείου και των αρμοδίων υπηρεσιών, η συζήτησις επί του θέματος συνεχίζεται με ενδιαφέρον δια την εξεύρεσιν λύσεως. Αι σχετικαί αποφάσεις αναμένονται εντός των προσεχών ημερών, ως ανεκοινώθη χθες. Αθήναι, 3. — Κατά τας πληροφορίας του υπουργείου και των αρμοδίων υπηρεσιών, η συζήτησις επί του θέματος συνεχίζεται με ενδιαφέρον δια την εξεύρεσιν λύσεως. Αι σχετικαί αποφάσεις αναμένονται

εντός των προσεχών ημερών, ως ανεκοινώθη χθες. Αθήναι, 3. — Κατά τας πληροφορίας του υπουργείου και των αρμοδίων υπηρεσιών, η συζήτησις επί του θέματος συνεχίζεται με ενδιαφέρον δια την εξεύρεσιν λύσεως. Αι σχετικαί αποφάσεις αναμένονται εντός των προσεχών ημερών, ως ανεκοινώθη χθες. Αθήναι, 3. — Κατά τας πληροφορίας του υπουργείου και των αρμοδίων υπηρεσιών, η συζήτησις επί του θέματος συνεχίζεται με ενδιαφέρον δια την εξεύρεσιν λύσεως. Αι σχετικαί αποφάσεις αναμένονται εντός των προσεχών ημερών, ως ανεκοινώθη χθες. Αθήναι, 3. — Κατά τας πληροφορίας του υπουργείου και των αρμοδίων υπηρεσιών, η συζήτησις επί του θέματος συνεχίζεται με ενδιαφέρον δια την εξεύρεσιν λύσεως. Αι σχετικαί αποφάσεις αναμένονται εντός των προσεχών ημερών, ως ανεκοινώθη χθες.

ΑΠΕΠΕΙΡΑΘΗ ΝΑ ΦΟΝΕΥΣΗ ΤΟΝ ΓΑΜΒΡΟΝ ΤΟΥ ΔΙΑ ΜΑΧΑΙΡΑΣ

Αθήναι, 3. — Κατά τας πληροφορίας του υπουργείου και των αρμοδίων υπηρεσιών, η συζήτησις επί του θέματος συνεχίζεται με ενδιαφέρον δια την εξεύρεσιν λύσεως. Αι σχετικαί αποφάσεις αναμένονται εντός των προσεχών ημερών, ως ανεκοινώθη χθες. Αθήναι, 3. — Κατά τας πληροφορίας του υπουργείου και των αρμοδίων υπηρεσιών, η συζήτησις επί του θέματος συνεχίζεται με ενδιαφέρον δια την εξεύρεσιν λύσεως. Αι σχετικαί αποφάσεις αναμένονται εντός των προσεχών ημερών, ως ανεκοινώθη χθες. Αθήναι, 3. — Κατά τας πληροφορίας του υπουργείου και των αρμοδίων υπηρεσιών, η συζήτησις επί του θέματος συνεχίζεται με ενδιαφέρον δια την εξεύρεσιν λύσεως. Αι σχετικαί αποφάσεις αναμένονται εντός των προσεχών ημερών, ως ανεκοινώθη χθες. Αθήναι, 3. — Κατά τας πληροφορίας του υπουργείου και των αρμοδίων υπηρεσιών, η συζήτησις επί του θέματος συνεχίζεται με ενδιαφέρον δια την εξεύρεσιν λύσεως. Αι σχετικαί αποφάσεις αναμένονται εντός των προσεχών ημερών, ως ανεκοινώθη χθες. Αθήναι, 3. — Κατά τας πληροφορίας του υπουργείο

υ και των αρμοδίων υπηρεσιών, η συζήτησις επί του θέματος συνεχίζεται με ενδιαφέρον δια την εξεύρεσιν λύσεως. Αι σχετικαί αποφάσεις αναμένονται εντός των προσεχών ημερών, ως ανεκοινώθη χθες. Αθήναι, 3. — Κατά τας πληροφορίας του υπουργείου και των αρμοδίων υπηρεσιών, η συζήτησις επί του θέματος συνεχίζεται με ενδιαφέρον δια την εξεύρεσιν λύσεως. Αι σχετικαί αποφάσεις αναμένονται εντός των προσεχών ημερών, ως ανεκοινώθη χθες. Αθήναι, 3. — Κατά τας πληροφορίας του υπουργείου και των αρμοδίων υπηρεσιών, η συζήτησις επί του θέματος συνεχίζεται με ενδιαφέρον δια την εξεύρεσιν λύσεως. Αι σχετικαί αποφάσεις αναμένονται εντός των προσεχών ημερών, ως ανεκοινώθη χθες.

ΔΙΕΠΡΑΤΤΕΝ ΑΠΑΤΑΣ ΕΜΦΑΝΙΖΟΜΕΝΟΣ ΩΣ ΙΑΤΡΟΣ ΤΟΥ ΥΠΟΥΡΓΕΙΟΥ

Αθήναι, 3. — Κατά τας πληροφορίας του υπουργείου και των αρμοδίων υπηρεσιών, η συζήτησις επί του θέματος συνεχίζεται με ενδιαφέρον δια την εξεύρεσιν λύσεως. Αι σχετικαί αποφάσεις αναμένονται εντός των προσεχών ημερών, ως ανεκοινώθη χθες. Αθήναι, 3. — Κατά τας πληροφορίας του υπουργείου και των αρμοδίων υπηρεσιών, η συζήτησις επί του θέματος συνεχίζεται με ενδιαφέρον δια την εξεύρεσιν λύσεως. Αι σχετικαί αποφάσεις αναμένονται εντός των προσεχών ημερών, ως ανεκοινώθη χθες. Αθήναι, 3. — Κατά τας πληροφορίας του υπουργείου και των αρμοδίων υπηρεσιών, η συζήτησις επί του θέματος συνεχίζεται με ενδιαφέρον δια την εξεύρεσιν λύσεως. Αι σχετικαί αποφάσεις αναμένονται εντός των προσεχών ημερών, ως ανεκοινώθη χθες. Αθήναι, 3. — Κατά τας πληροφορίας του υπουργείου και των αρμοδίων υπηρεσιών, η συζήτησις επί του θέματος συνεχίζεται με ενδιαφέρον δια την εξεύρεσιν λύσεως. Αι σχετικαί αποφάσεις αναμένονται εντός των προσεχών ημερών, ως ανεκοινώθη χθες. Αθήναι, 3. — Κατά τας πληροφορίας του υπουργείο

υ και των αρμοδίων υπηρεσιών, η συζήτησις επί του θέματος συνεχίζεται με ενδιαφέρον δια την εξεύρεσιν λύσεως. Αι σχετικαί αποφάσεις αναμένονται εντός των προσεχών ημερών, ως ανεκοινώθη χθες. Αθήναι, 3. — Κατά τας πληροφορίας του υπουργείου και των αρμοδίων υπηρεσιών, η συζήτησις επί του θέματος συνεχίζεται με ενδιαφέρον δια την εξεύρεσιν λύσεως. Αι σχετικαί αποφάσεις αναμένονται εντός των προσεχών ημερών, ως ανεκοινώθη χθες. Αθήναι, 3. — Κατά τας πληροφορίας του υπουργείου και των αρμοδίων υπηρεσιών, η συζήτησις επί του θέματος συνεχίζεται με ενδιαφέρον δια την εξεύρεσιν λύσεως. Αι σχετικαί αποφάσεις αναμένονται εντός των προσεχών ημερών, ως ανεκοινώθη χθες.

ΑΙ ΕΞΕΤΑΣΕΙΣ ΤΩΝ ΑΣΚΟΥΜΕΝΩΝ ΔΙΚΗΓΟΡΩΝ

Αθήναι, 3. — Κατά τας πληροφορίας του υπουργείου και των αρμοδίων υπηρεσιών, η συζήτησις επί του θέματος συνεχίζεται με ενδιαφέρον δια την εξεύρεσιν λύσεως. Αι σχετικαί αποφάσεις αναμένονται εντός των προσεχών ημερών, ως ανεκοινώθη χθες. Αθήναι, 3. — Κατά τας πληροφορίας του υπουργείου και των αρμοδίων υπηρεσιών, η συζήτησις επί του θέματος συνεχίζεται με ενδιαφέρον δια την εξεύρεσιν λύσεως. Αι σχετικαί αποφάσεις αναμένονται εντός των προσεχών ημερών, ως ανεκοινώθη χθες. Αθήναι, 3. — Κατά τας πληροφορίας του υπουργείου και των αρμοδίων υπηρεσιών, η συζήτησις επί το

υ θέματος συνεχίζεται με ενδιαφέρον δια την εξεύρεσιν λύσεως. Αι σχετικαί αποφάσεις αναμένονται εντός των προσεχών ημερών, ως ανεκοινώθη χθες. Αθήναι, 3. — Κατά τας πληροφορίας του υπουργείου και των αρμοδίων υπηρεσιών, η συζήτησις επί του θέματος συνεχίζεται με ενδιαφέρον δια την εξεύρεσιν λύσεως. Αι σχετικαί αποφάσεις αναμένονται εντός των προσεχών ημερών, ως ανεκοινώθη χθες.

Ο ΑΜΕΡΙΚΑΝΟΣ ΥΦΥΠΟΥΡΓΟΣ ΕΜΠΟΡΙΟΥ ΕΙΣ ΑΘΗΝΑΣ

Αθήναι, 3. — Κατά τας πληροφορίας του υπουργείου και των αρμοδίων υπηρεσιών, η συζήτησις επί του θέματος συνεχίζεται με ενδιαφέρον δια την εξεύρεσιν λύσεως. Αι σχετικαί αποφάσεις αναμένονται εντός των προσεχών ημερών, ως ανεκοινώθη χθες. Αθήναι, 3. — Κατά τας πληροφορίας του υπουργείου και των αρμοδίων υπηρεσιών, η συζήτησις επί του θέματος συνεχίζεται με ενδιαφέρον δια την εξεύρεσιν λύσεως. Αι σχετικαί αποφάσεις αναμένονται

εντός των προσεχών ημερών, ως ανεκοινώθη χθες. Αθήναι, 3. — Κατά τας πληροφορίας του υπουργείου και των αρμοδίων υπηρεσιών, η συζήτησις επί του θέματος συνεχίζεται με ενδιαφέρον δια την εξεύρεσιν λύσεως. Αι σχετικαί αποφάσεις αναμένονται εντός των προσεχών ημερών, ως ανεκοινώθη χθες.

15 ΦΟΡΤΗΓΑ ΠΛΟΙΑ ΘΑ ΕΓΚΑΤΑΛΕΙΦΟΥΝ ΤΗΝ ΚΥΑΝΟΛΕΥΚΟΝ

Αθήναι, 3. — Κατά τας πληροφορίας του υπουργείου και των αρμοδίων υπηρεσιών, η συζήτησις επί του θέματος συνεχίζεται με ενδιαφέρον δια την εξεύρεσιν λύσεως. Αι σχετικαί αποφάσεις αναμένονται εντός των προσεχών ημερών, ως ανεκοινώθη χθες. Αθήναι, 3. — Κατά τας πληροφορίας του υπουργείου και των αρμοδίων υπηρεσιών, η συζήτησις επί του θέματος συνεχίζεται με ενδιαφέρον δια την εξεύρεσιν λύσεως. Αι σχετικαί αποφάσεις αναμένονται εντός των προσεχών ημερών, ως ανεκοινώθη χθες. Αθήναι, 3. — Κατά τας πληροφορίας του υπουργείου και των αρμοδίων υπηρεσιών, η συζήτησις επί του θέματος συνεχίζεται με ενδιαφέρον δια την εξεύρεσιν λύσεως. Αι σχετικαί αποφάσεις αναμένονται εντός των προσεχών ημερών, ως ανεκοινώθη χθες.

Αθήναι, 3. — Κατά τας πληροφορίας του υπουργείου και των αρμοδίων υπηρεσιών, η συζήτησις επί του θέματος συνεχίζεται με ενδιαφέρον δια την εξεύρεσιν λύσεως. Αι σχετικαί αποφάσεις αναμένονται εντός των προσεχών ημερών, ως ανεκοινώθη χθες. Αθήναι, 3. — Κατά τας πληροφορίας του υπουργείου και των αρμοδίων υπηρεσιών, η συζήτησις επί του θέματος συνεχίζεται με ενδιαφέρον δια την εξεύρεσιν λύσεως. Αι σχετικαί αποφάσεις αναμένονται εντός των προσεχών ημερών, ως ανεκοινώθη χθες.

ΕΚΚΡΕΜΟΥΝ 500 ΑΙΤΗΣΕΙΣ ΑΠΟΝΟΜΗΣ ΧΑΡΙΤΟΣ ΕΙΣ ΚΑΤΑΔΙΚΟΥΣ

Αθήναι, 3. — Κατά τας πληροφορίας του υπουργείου και των αρμοδίων υπηρεσιών, η συζήτησις επί του θέματος συνεχίζεται με ενδιαφέρον δια την εξεύρεσιν λύσεως. Αι σχετικαί αποφάσεις αναμένονται εντός των προσεχών ημερών, ως ανεκοινώθη χθες. Αθήναι, 3. — Κατά τας πληροφορίας του υπουργείου και των αρμοδίων υπηρεσιών, η συζήτησις επί του θέματος συνεχίζεται με ενδιαφέρον δια την εξεύρεσιν λύσεως. Αι σχετικαί αποφάσεις αναμένονται εντός των προσεχών ημερών, ως ανεκοινώθη χθες. Αθήναι, 3. — Κατά τας πληροφορίας του υπουργείου και των αρμοδίων υπηρεσιών, η συζήτησις επί το

υ θέματος συνεχίζεται με ενδιαφέρον δια την εξεύρεσιν λύσεως. Αι σχετικαί αποφάσεις αναμένονται εντός των προσεχών ημερών, ως ανεκοινώθη χθες. Αθήναι, 3. — Κατά τας πληροφορίας του υπουργείου και των αρμοδίων υπηρεσιών, η συζήτησις επί του θέματος συνεχίζεται με ενδιαφέρον δια την εξεύρεσιν λύσεως. Αι σχετικαί αποφάσεις αναμένονται εντός των προσεχών ημερών, ως ανεκοινώθη χθες.

Η ΜΕΙΩΣΙΣ ΤΟΥ ΦΟΡΟΥ ΚΥΚΛΟΥ ΕΡΓΑΣΙΩΝ ΕΠΙ ΤΩΝ ΑΣΦΑΛΙΣΤΡΩΝ

Αθήναι, 3. — Κατά τας πληροφορίας του υπουργείου και των αρμοδίων υπηρεσιών, η συζήτησις επί του θέματος συνεχίζεται με ενδιαφέρον δια την εξεύρεσιν λύσεως. Αι σχετικαί αποφάσεις αναμένονται εντός των προσεχών ημερών, ως ανεκοινώθη χθες. Αθήναι, 3. — Κατά τας πληροφορίας του υπουργείου και των αρμοδίων υπηρεσιών, η συζήτησις επί του θέματος συνεχίζεται με ενδιαφέρον δια την εξεύρεσιν λύσεως. Αι σχετικαί αποφάσεις αναμένονται εντός των προσεχών ημερών, ως ανεκοινώθη χθες. Αθήναι, 3. — Κατά τας πληροφορίας του υπουργείου και των αρμοδίων υπηρεσιών, η συζήτησις επί του θέματος συνεχίζεται με ενδιαφέρον δια την εξεύρεσιν λύσεως. Αι σχετικαί αποφάσεις αναμένονται εντός των προσεχών ημερών, ως ανεκοινώθη χθες.

Αθήναι, 3. — Κατά τας πληροφορίας του υπουργείου και των αρμοδίων υπηρεσιών, η συζήτησις επί του θέματος συνεχίζεται με ενδιαφέρον δια την εξεύρεσιν λύσεως. Αι σχετικαί αποφάσεις αναμένονται εντός των προσεχών ημερών, ως ανεκοινώθη χθες. Αθήναι, 3. — Κατά τας πληροφορίας του υπουργείου και των αρμοδίων υπηρεσιών, η συζήτησις επί του θέματος συνεχίζεται με ενδιαφέρον δια την εξεύρεσιν λύσεως. Αι σχετικαί αποφάσεις αναμένονται εντός των προσεχών ημερών, ως ανεκοινώθη χθες.

ΠΙΘΑΝΟΝ ΝΑ ΑΠΑΓΟΡΕΥΘΗ ΓΕΝΙΚΩΣ Η ΘΗΡΑ ΔΙ' ΩΡΙΣΜΕΝΟΝ ΧΡΟΝΟΝ

Αθήναι, 3. — Κατά τας πληροφορίας του υπουργείου και των αρμοδίων υπηρεσιών, η συζήτησις επί του θέματος συνεχίζεται με ενδιαφέρον δια την εξεύρεσιν λύσεως. Αι σχετικαί αποφάσεις αναμένονται εντός των προσεχών ημερών, ως ανεκοινώθη χθες. Αθήναι, 3. — Κατά τας πληροφορίας του υπουργείου και των αρμοδίων υπηρεσιών, η συζήτησις επί του θέματος συνεχίζεται με ενδιαφέρον δια την εξεύρεσιν λύσεως. Αι σχετικαί αποφάσεις αναμένονται εντός των προσεχών ημερών, ως ανεκοινώθη χθες. Αθήναι, 3. — Κατά τας πληροφορίας του υπουργείου και των αρμοδίων υπηρεσιών, η συζήτησις επί του θέματος συνεχίζεται με ενδιαφέρον δια την εξεύρεσιν λύσεως. Αι σχετικαί αποφάσεις αναμένονται εντός των προσεχών ημερών, ως ανεκοινώθη χθες. Αθήναι, 3. — Κατά τας πληροφορίας του υπουργείου και των αρμοδίων υπηρεσιών, η συζήτησις επί του θέματος συνεχίζεται με ενδιαφέρον δια την εξεύρεσιν λύσεως. Αι σχετικαί αποφάσεις αναμένονται εντός των προσεχών ημερών, ως ανεκοινώθη χθες. Αθήναι, 3. — Κατά τας πληροφορίας του υπουργείο

υ και των αρμοδίων υπηρεσιών, η συζήτησις επί του θέματος συνεχίζεται με ενδιαφέρον δια την εξεύρεσιν λύσεως. Αι σχετικαί αποφάσεις αναμένονται εντός των προσεχών ημερών, ως ανεκοινώθη χθες. Αθήναι, 3. — Κατά τας πληροφορίας του υπουργείου και των αρμοδίων υπηρεσιών, η συζήτησις επί του θέματος συνεχίζεται με ενδιαφέρον δια την εξεύρεσιν λύσεως. Αι σχετικαί αποφάσεις αναμένονται εντός των προσεχών ημερών, ως ανεκοινώθη χθες. Αθήναι, 3. — Κατά τας πληροφορίας του υπουργείου και των αρμοδίων υπηρεσιών, η συζήτησις επί του θέματος συνεχίζεται με ενδιαφέρον δια την εξεύρεσιν λύσεως. Αι σχετικαί αποφάσεις αναμένονται εντός των προσεχών ημερών, ως ανεκοινώθη χθες.

ΤΡΕΙΣ ΚΟΡΑΣΙΔΕΣ ΕΞΗΦΑΝΙΣΘΗΣΑΝ ΕΙΣ ΤΑΣ ΑΘΗΝΑΣ

Αθήναι, 3. — Κατά τας πληροφορίας του υπουργείου και των αρμοδίων υπηρεσιών, η συζήτησις επί του θέματος συνεχίζεται με ενδιαφέρον δια την εξεύρεσιν λύσεως. Αι σχετικαί αποφάσεις αναμένονται εντός των προσεχών ημερών, ως ανεκοινώθη χθες. Αθήναι, 3. — Κατά τας πληροφορίας του υπουργείου και των αρμοδίων υπηρεσιών, η συζήτησις επί του θέματος συνεχίζεται με ενδιαφέρον δια την εξεύρεσιν λύσεως. Αι σχετικαί αποφάσεις αναμένονται εντός των προσεχών ημερών, ως ανεκοινώθη χθες. Αθήναι, 3. — Κατά τας πληροφορίας του υπουργείου και των αρμοδίων υπηρεσιών, η συζήτησις επί το

υ θέματος συνεχίζεται με ενδιαφέρον δια την εξεύρεσιν λύσεως. Αι σχετικαί αποφάσεις αναμένονται εντός των προσεχών ημερών, ως ανεκοινώθη χθες. Αθήναι, 3. — Κατά τας πληροφορίας του υπουργείου και των αρμοδίων υπηρεσιών, η συζήτησις επί του θέματος συνεχίζεται με ενδιαφέρον δια την εξεύρεσιν λύσεως. Αι σχετικαί αποφάσεις αναμένονται εντός των προσεχών ημερών, ως ανεκοινώθη χθες.

ΥΠΕΡΗΛΙΞ ΣΩΦΕΡ ΕΚΑΚΟΠΟΙΗΣΕ ΜΙΑΝ ΚΟΡΑΣΙΔΑ

Αθήναι, 3. — Κατά τας πληροφορίας του υπουργείου και των αρμοδίων υπηρεσιών, η συζήτησις επί του θέματος συνεχίζεται με ενδιαφέρον δια την εξεύρεσιν λύσεως. Αι σχετικαί αποφάσεις αναμένονται εντός των προσεχών ημερών, ως ανεκοινώθη χθες. Αθήναι, 3. — Κατά τας πληροφορίας του υπουργείου και των αρμοδίων υπηρεσιών, η συζήτησις επί του θέματος συνεχίζεται με ενδιαφέρον δια την εξεύρεσιν λύσεως. Αι σχετικαί αποφάσεις αναμένονται

εντός των προσεχών ημερών, ως ανεκοινώθη χθες. Αθήναι, 3. — Κατά τας πληροφορίας του υπουργείου και των αρμοδίων υπηρεσιών, η συζήτησις επί του θέματος συνεχίζεται με ενδιαφέρον δια την εξεύρεσιν λύσεως. Αι σχετικαί αποφάσεις αναμένονται εντός των προσεχών ημερών, ως ανεκοινώθη χθες.

ΟΥΔΕΜΙΑ ΑΠΟΣΠΑΣΙΣ ΕΚΠΑΙΔΕΥΤΙΚΩΝ

Αθήναι, 3. — Κατά τας πληροφορίας του υπουργείου και των αρμοδίων υπηρεσιών, η συζήτησις επί του θέματος συνεχίζεται με ενδιαφέρον δια την εξεύρεσιν λύσεως. Αι σχετικαί αποφάσεις αναμένονται εντός των προσεχών ημερών, ως ανεκοινώθη χθες. Αθήναι, 3. — Κατά τας πληροφορίας του υπουργείου και των αρμοδίων υπηρεσιών, η συζήτησις επί του θέματος συνεχίζεται με ενδιαφέρον δια την εξεύρεσιν λύσεως. Αι σχετικαί αποφάσεις αναμένονται

εντός των προσεχών ημερών, ως ανεκοινώθη χθες. Αθήναι, 3. — Κατά τας πληροφορίας του υπουργείου και των αρμοδίων υπηρεσιών, η συζήτησις επί του θέματος συνεχίζεται με ενδιαφέρον δια την εξεύρεσιν λύσεως. Αι σχετικαί αποφάσεις αναμένονται εντός των προσεχών ημερών, ως ανεκοινώθη χθες.

Η ΤΙΜΗ ΤΟΥ ΠΕΤΡΕΛΑΙΟΥ ΔΕΝ ΠΡΟΚΕΙΤΑΙ ΝΑ ΑΥΞΗΘΗ

Αθήναι, 3. — Κατά τας πληροφορίας του υπουργείου και των αρμοδίων υπηρεσιών, η συζήτησις επί του θέματος συνεχίζεται με ενδιαφέρον δια την εξεύρεσιν λύσεως. Αι σχετικαί αποφάσεις αναμένονται εντός των προσεχών ημερών, ως ανεκοινώθη χθες. Αθήναι, 3. — Κατά τας πληροφορίας του υπουργείου και των αρμοδίων υπηρεσιών, η συζήτησις επί του θέματος συνεχίζεται με ενδιαφέρον δια την εξεύρεσιν λύσεως. Αι σχετικαί αποφάσεις αναμένονται εντός των προσεχών ημερών, ως ανεκοινώθη χθες. Αθήναι, 3. — Κατά τας πληροφορίας του υπουργείου και των αρμοδίων υπηρεσιών, η συζήτησις επί το

υ θέματος συνεχίζεται με ενδιαφέρον δια την εξεύρεσιν λύσεως. Αι σχετικαί αποφάσεις αναμένονται εντός των προσεχών ημερών, ως ανεκοινώθη χθες. Αθήναι, 3. — Κατά τας πληροφορίας του υπουργείου και των αρμοδίων υπηρεσιών, η συζήτησις επί του θέματος συνεχίζεται με ενδιαφέρον δια την εξεύρεσιν λύσεως. Αι σχετικαί αποφάσεις αναμένονται εντός των προσεχών ημερών, ως ανεκοινώθη χθες.

ΑΝΑΖΗΤΗΣΙΣ ΚΛΗΡΟΝΟΜΩΝ

Αθήναι, 3. — Κατά τας πληροφορίας του υπουργείου και των αρμοδίων υπηρεσιών, η συζήτησις επί του θέματος συνεχίζεται με ενδιαφέρον δια την εξεύρεσιν λύσεως. Αι σχετικαί αποφάσεις αναμένονται εντός των προσεχών ημερών, ως ανεκοινώθη χθες. Αθήναι, 3. — Κατά τας πληροφορίας του υπουργείου και των αρμοδίων υπηρεσιών, η συζήτησις επί του θέματος συνεχίζεται με ενδιαφέρον δια την εξεύρεσιν λύσεως. Αι σχετικαί αποφάσεις αναμένονται εντός των προσεχών ημερών, ως ανεκοινώθη χθες. Αθήναι, 3. — Κατά τας πληροφορίας του υπουργείου και των αρμοδίων υπηρεσιών, η συζήτησις επί το

υ θέματος συνεχίζεται με ενδιαφέρον δια την εξεύρεσιν λύσεως. Αι σχετικαί αποφάσεις αναμένονται εντός των προσεχών ημερών, ως ανεκοινώθη χθες. Αθήναι, 3. — Κατά τας πληροφορίας του υπουργείου και των αρμοδίων υπηρεσιών, η συζήτησις επί του θέματος συνεχίζεται με ενδιαφέρον δια την εξεύρεσιν λύσεως. Αι σχετικαί αποφάσεις αναμένονται εντός των προσεχών ημερών, ως ανεκοινώθη χθες.

ΟΙ ΕΡΓΑΤΙΚΟΙ ΑΝΑΛΑΜΒΑΝΟΝΤΕΣ ΤΗΝ ΕΞΟΥΣΙΑΝ ΘΑ ΒΕΛΤΙΩΣΟΥΝ ΣΗΜΑΝΤΙΚΩΣ ΤΑΣ ΣΥΝΤΑΞΕΙΣ ΚΑΙ ΘΑ ΔΙΕΥΡΥΝΟΥΝ ΤΑΣ ΚΟΙΝΩΝΙΚΑΣ ΑΣΦΑΛΙΣΕΙΣ

Αθήναι, 3. — Κατά τας πληροφορίας του υπουργείου και των αρμοδίων υπηρεσιών, η συζήτησις επί του θέματος συνεχίζεται με ενδιαφέρον δια την εξεύρεσιν λύσεως. Αι σχετικαί αποφάσεις αναμένονται εντός των προσεχών ημερών, ως ανεκοινώθη χθες. Αθήναι, 3. — Κατά τας πληροφορίας του υπουργείου και των αρμοδίων υπηρεσιών, η συζήτησις επί του θέματος συνεχίζεται με ενδιαφέρον δια την εξεύρεσιν λύσεως. Αι σχετικαί αποφάσεις αναμένονται εντός των προσεχών ημερών, ως ανεκοινώθη χθες. Αθήναι, 3. — Κατά τας πληροφορίας του υπουργείου και των αρμοδίων υπηρεσιών, η συζήτησις επί του θέματος συνεχίζεται με ενδιαφέρον δια την εξεύρεσιν λύσεως. Αι σχετικαί αποφάσεις αναμένονται εντός των προσεχών ημερών, ως ανεκοινώθη χθες. Αθήναι, 3. — Κατά τας πληροφορίας του υπουργείου και των αρμοδίων υπηρεσιών, η συζήτησις επί του θέματος συνεχίζεται με ενδιαφέρον δια την εξεύρεσιν λύσεως. Αι σχετικαί αποφάσεις αναμένονται εντός των προσεχών ημερών, ως ανεκοινώθη χθες. Αθήναι, 3. — Κατά τας πληροφορίας του υπουργείου και των αρμοδίων υπηρεσιών, η συζήτησις επί του θέματος συνεχίζεται με ενδιαφέρον δια την εξεύρεσιν λύσεως. Αι σχετικαί αποφάσεις αναμένονται εντός των προσεχών ημερών, ως ανεκοινώθη χθες. Αθήναι, 3. — Κατά τας πληροφορίας του υπουργείου και των αρμοδίων υπηρεσιών, η συζήτησις επί του θέματος συνεχίζεται με ενδιαφέρον δια την εξεύρεσιν λύσεως. Αι σχετικαί αποφάσεις αναμένονται εντός των προσεχών ημερών, ως ανεκοινώθη χθες. Αθήναι, 3. — Κατά τας πληροφορίας του υπουργείου και των αρμοδίων υπηρεσιών, η συζήτησις επί του θέματος συνεχίζεται με ενδιαφέρον δια την εξεύρεσιν λύσεως. Αι σχετικαί αποφάσεις αναμένονται εντός των προσεχών ημερών, ως ανεκοινώθη χθες. Αθήναι, 3. — Κατά τας πληροφορίας του υπουργείου και των αρμοδίων υπηρεσιών, η συζήτησις επί του θέματος συνεχίζεται με ενδιαφέρον δια την εξεύρεσιν λύσεως. Αι σχετικαί αποφάσεις αναμένονται εντός των προσεχών ημερών, ως ανεκοινώθη χθες. Αθήναι, 3. — Κατά τας πληροφορίας του υπουργείου και των αρμοδίων υπηρεσιών, η συζήτησις επί το

Η ΜΕΙΩΣΙΣ ΤΩΝ ΤΟΚΩΝ

υ θέματος συνεχίζεται με ενδιαφέρον δια την εξεύρεσιν λύσεως. Αι σχετικαί αποφάσεις αναμένονται εντός των προσεχών ημερών, ως ανεκοινώθη χθες. Αθήναι, 3. — Κατά τας πληροφορίας του υπουργείου και των αρμοδίων υπηρεσιών, η συζήτησις επί του θέματος συνεχίζεται με ενδιαφέρον δια την εξεύρεσιν λύσεως. Αι σχετικαί αποφάσεις αναμένονται εντός των προσεχών ημερών, ως ανεκοινώθη χθες. Αθήναι, 3. — Κατά τας πληροφορίας του υπουργείου και των αρμοδίων υπηρεσιών, η συζήτησις επί του θέματος συνεχίζεται με ενδιαφέρον δια την εξεύρεσιν λύσεως. Αι σχετικαί αποφάσεις αναμένονται εντός των προσεχών ημερών, ως ανεκοινώθη χθες. Αθήναι, 3. — Κατά τας πληροφορίας του υπουργείου και των αρμοδίων υπηρεσιών, η συζήτησις επί του θέματος συνεχίζεται με ενδιαφέρον δια την εξεύρεσιν λύσεως. Αι σχετικαί αποφάσεις αναμένονται εντός των προσεχών ημερών, ως ανεκοινώθη χθες. Αθήναι, 3. — Κατά τας πληροφορίας του υπουργείου και των αρμοδίων υπηρεσιών, η συζήτησις επί του θέματος συνεχίζεται με ενδιαφέρον δια την εξεύρεσιν λύσεως. Αι σχετικαί αποφάσεις αναμένονται εντός των προσεχών ημερών, ως ανεκοινώθη χθες. Αθήναι, 3. — Κατά τας πληροφορίας του υπουργείου και των αρμοδίων υπηρεσιών, η συζήτησις επί του θέματος συνεχίζεται με ενδιαφέρον δια την εξεύρεσιν λύσεως. Αι σχετικαί αποφάσεις αναμένονται εντός των προσεχών ημερών, ως ανεκοινώθη χθες.

Η ΣΟΒΙΕΤ. ΡΩΣΣΙΑ ΘΑ ΒΟΗΘΗΣΗ ΤΗΝ ΙΝΔΟΝΗΣΙΑΝ ΟΠΩΣ ΕΦΑΡΜΟΣΗ ΚΑΤΑ ΤΟΝ ΚΑΛΥΤΕΡΟΝ ΤΡΟΠΟΝ ΤΟΝ ΕΜΠΟΡΙΚΟΝ ΑΠΟΚΛΕΙΣΜΟΝ ΤΗΣ ΜΑΛΑΙΣΙΑΣ

Αθήναι, 3. — Κατά τας πληροφορίας του υπουργείου και των αρμοδίων υπηρεσιών, η συζήτησις επί του θέματος συνεχίζεται με ενδιαφέρον δια την εξεύρεσιν λύσεως. Αι σχετικαί αποφάσεις αναμένονται εντός των προσεχών ημερών, ως ανεκοινώθη χθες. Αθήναι, 3. — Κατά τας πληροφορίας του υπουργείου και των αρμοδίων υπηρεσιών, η συζήτησις επί του θέματος συνεχίζεται με ενδιαφέρον δια την εξεύρεσιν λύσεως. Αι σχετικαί αποφάσεις αναμένονται εντός των προσεχών ημερών, ως ανεκοινώθη χθες. Αθήναι, 3. — Κατά τας πληροφορίας του υπουργείου και των αρμοδίων υπηρεσιών, η συζήτησις επί του θέματος συνεχίζεται με ενδιαφέρον δια την εξεύρεσιν λύσεως. Αι σχετικαί αποφάσεις αναμένονται εντός των προσεχών ημερών, ως ανεκοινώθη χθες. Αθήναι, 3. — Κατά τας πληροφορίας του υπουργείου και των αρμοδίων υπηρεσιών, η συζήτησις επί του θέματος συνεχίζεται με ενδιαφέρον δια την εξεύρεσιν λύσεως. Αι σχετικαί αποφάσεις αναμένονται εντός των προσεχών ημερών, ως ανεκοινώθη χθες. Αθήναι, 3. — Κατά τας πληροφορίας του υπουργείου και των αρμοδίων υπηρεσιών, η συζήτησις επί του θέματος συνεχίζεται με ενδιαφέρον δια την εξεύρεσιν λύσεως. Αι σχετικαί αποφάσεις αναμένονται εντός των προσεχών ημερών, ως ανεκοινώθη χθες. Αθήναι, 3. — Κατά τας πληροφορίας του υπουργείου και των αρμοδίων υπηρεσιών, η συζήτησις επί του θέματος συνεχίζεται με ενδιαφέρον δια την εξεύρεσιν λύσεως. Αι σχετικαί αποφάσεις αναμένονται εντός των προσεχών ημερών, ως ανεκοινώθη χθες. Αθήναι, 3. — Κατά τας πληροφορίας του υπουργείου και των αρμοδίων υπηρεσιών, η συζήτησις επί του θέματος συνεχίζεται με ενδιαφέρον δια την εξεύρεσιν λύσεως. Αι σχετικαί αποφάσεις αναμένονται εντός των προσεχών ημερών, ως ανεκοινώθη χθες. Αθήναι, 3. — Κατά τας πληροφορίας του υπουργείου και των αρμοδίων υπηρεσιών, η συζήτησις επί του θέματος συνεχίζεται με ενδιαφέρον δια την εξεύρεσιν λύσεως. Αι σχετικαί αποφάσεις αναμένονται εντός των προσεχών ημερών, ως ανεκοινώθη χθες. Αθήναι, 3. — Κατά τας πληροφορίας του υπουργείου και των αρμοδίων υπηρεσιών, η συζήτησις επί του θέματος συνεχίζεται με ενδιαφέρον δια την εξεύρεσιν λύσεως. Αι σχετικαί αποφάσεις αναμένονται εντός των προσεχών ημερών, ως ανεκοινώθη χθες. Αθήναι, 3. — Κατά τας πληροφορίας του υπουργείου και των αρμοδίων υπηρεσιών, η συζήτησις επί του θέματος συνεχίζεται με ενδιαφέρον δια την εξεύρεσιν λύσεως. Αι σχετικαί αποφάσεις αναμένονται εντός των προσεχών ημερών, ως ανεκοινώθη χθες. Αθήναι, 3. — Κατά τας πληροφορίας του υπουργείου και των αρμοδίων υπηρεσιών, η συζήτησις επί του θέματος συνεχίζεται με ενδιαφέρον δια την εξεύρεσιν λύσεως. Αι σχετικαί αποφάσεις αναμένονται εντός των προσεχών ημερών, ως ανεκοινώθη χθες. Αθήναι, 3. — Κατά τας πληροφορίας του υπουργείου και των αρμοδίων υπηρεσιών, η συζήτησις επί του θέματος συνεχίζεται με ενδιαφέρον δια την εξεύρεσιν λύσεως. Αι σχετικαί αποφάσεις αναμένονται εντός των προσεχών ημερών, ως ανεκοινώθη χθες. Αθήναι, 3. — Κατά τας πληροφορίας του υπουργείου και των αρμοδίων υπηρεσιών, η συζήτησις επί του θέματος συνεχίζεται με ενδιαφέρον δια την εξεύρεσιν λύσεως. Αι σχετικαί αποφάσεις αναμένονται εντός των προσεχών ημερών, ως ανεκοινώθη χθες. Αθήναι, 3. — Κατά τας πληροφορίας του υπουργείο

ΑΠΟΚΡΟΥΣΙΣ ΤΩΝ ΓΥΝΑΙΚΟΠΑΙΔΩΝ

υ και των αρμοδίων υπηρεσιών, η συζήτησις επί του θέματος συνεχίζεται με ενδιαφέρον δια την εξεύρεσιν λύσεως. Αι σχετικαί αποφάσεις αναμένονται εντός των προσεχών ημερών, ως ανεκοινώθη χθες. Αθήναι, 3. — Κατά τας πληροφορίας του υπουργείου και των αρμοδίων υπηρεσιών, η συζήτησις επί του θέματος συνεχίζεται με ενδιαφέρον δια την εξεύρεσιν λύσεως. Αι σχετικαί αποφάσεις αναμένονται εντός των προσεχών ημερών, ως ανεκοινώθη χθες. Αθήναι, 3. — Κατά τας πληροφορίας του υπουργείου και των αρμοδίων υπηρεσιών, η συζήτησις επί του θέματος συνεχίζεται με ενδιαφέρον δια την εξεύρεσιν λύσεως. Αι σχετικαί αποφάσεις αναμένονται εντός των προσεχών ημερών, ως ανεκοινώθη χθες. Αθήναι, 3. — Κατά τας πληροφορίας του υπουργείου και των αρμοδίων υπηρεσιών, η συζήτησις επί του θέματος συνεχίζεται με ενδιαφέρον δια την εξεύρεσιν λύσεως. Αι σχετικαί αποφάσεις αναμένονται εντός των προσεχών ημερών, ως ανεκοινώθη χθες. Αθήναι, 3. — Κατά τας πληροφορίας του υπουργείου και των αρμοδίων υπηρεσιών, η συζήτησις επί του θέματος συνεχίζεται με ενδιαφέρον δια την εξεύρεσιν λύσεως. Αι σχετικαί αποφάσεις αναμένονται εντός των προσεχών ημερών, ως ανεκοινώθη χθες. Αθήναι, 3. — Κατά τας πληροφορίας του υπουργείου και των αρμοδίων υπηρεσιών, η συζήτησις επί του θέματος συνεχίζεται με ενδιαφέρον δια την εξεύρεσιν λύσεως. Αι σχετικαί αποφάσεις αναμένονται εντός των προσεχών ημερών, ως ανεκοινώθη χθες. Αθήναι, 3. — Κατά τας πληροφορίας του υπουργείου και των αρμοδίων υπηρεσιών, η συζήτησις επί του θέματος συνεχίζεται με ενδιαφέρον δια την εξεύρεσιν λύσεως. Αι σχετικαί αποφάσεις αναμένονται εντός των προσεχών ημερών, ως ανεκοινώθη χθες. Αθήναι, 3. — Κατά τας πληροφορίας του υπουργείου και των αρμοδίων υπηρεσιών, η συζήτησις επί του θέματος συνεχίζεται με ενδιαφέρον δια την εξεύρεσιν λύσεως. Αι σχετικαί αποφάσεις αναμένονται εντός των προσεχών ημερών, ως ανεκοινώθη χθες. Αθήναι, 3. — Κατά τας πληροφορίας του υπουργείου και των αρμοδίων υπηρεσιών, η συζήτησις επί του θέματος συνεχίζεται με ενδιαφέρον δια την εξεύρεσιν λύσεως. Αι σχετικαί αποφάσεις αναμένονται εντός των προσεχών ημερών, ως ανεκοινώθη χθες.

ΗΡΧΙΣΑΝ ΕΠΑΦΑΙ ΠΡΟΣ ΑΠΟΚΑΤΑΣΤΑΣΙΝ ΤΩΝ ΣΧΕΣΕΩΝ ΜΕΤΑΞΥ ΙΟΡΔΑΝΙΑΣ ΚΑΙ ΗΝΩΜ. ΑΡΑΒΙΚΗΣ ΔΗΜΟΚΡΑΤΙΑΣ

Αθήναι, 3. — Κατά τας πληροφορίας του υπουργείου και των αρμοδίων υπηρεσιών, η συζήτησις επί του θέματος συνεχίζεται με ενδιαφέρον δια την εξεύρεσιν λύσεως. Αι σχετικαί αποφάσεις αναμένονται εντός των προσεχών ημερών, ως ανεκοινώθη χθες. Αθήναι, 3. — Κατά τας πληροφορίας του υπουργείου και των αρμοδίων υπηρεσιών, η συζήτησις επί του θέματος συνεχίζεται με ενδιαφέρον δια την εξεύρεσιν λύσεως. Αι σχετικαί αποφάσεις αναμένονται εντός των προσεχών ημερών, ως ανεκοινώθη χθες. Αθήναι, 3. — Κατά τας πληροφορίας του υπουργείου και των αρμοδίων υπηρεσιών, η συζήτησις επί του θέματος συνεχίζεται με ενδιαφέρον δια την εξεύρεσιν λύσεως. Αι σχετικαί αποφάσεις αναμένονται εντός των προσεχών ημερών, ως ανεκοινώθη χθες. Αθήναι, 3. — Κατά τας πληροφορίας του υπουργείου και των αρμοδίων υπηρεσιών, η συζήτησις επί του θέματος συνεχίζεται με ενδιαφέρον δια την εξεύρεσιν λύσεως. Αι σχετικαί αποφάσεις αναμένονται εντός των προσεχών ημερών, ως ανεκοινώθη χθες. Αθήναι, 3. — Κατά τας πληροφορίας του υπουργείου και των αρμοδίων υπηρεσιών, η συζήτησις επί του θέματος συνεχίζεται με ενδιαφέρον δια την εξεύρεσιν λύσεως. Αι σχετικαί αποφάσεις αναμένονται

εντός των προσεχών ημερών, ως ανεκοινώθη χθες. Αθήναι, 3. — Κατά τας πληροφορίας του υπουργείου και των αρμοδίων υπηρεσιών, η συζήτησις επί του θέματος συνεχίζεται με ενδιαφέρον δια την εξεύρεσιν λύσεως. Αι σχετικαί αποφάσεις αναμένονται εντός των προσεχών ημερών, ως ανεκοινώθη χθες. Αθήναι, 3. — Κατά τας πληροφορίας του υπουργείου και των αρμοδίων υπηρεσιών, η συζήτησις επί του θέματος συνεχίζεται με ενδιαφέρον δια την εξεύρεσιν λύσεως. Αι σχετικαί αποφάσεις αναμένονται εντός των προσεχών ημερών, ως ανεκοινώθη χθες. Αθήναι, 3. — Κατά τας πληροφορίας του υπουργείου και των αρμοδίων υπηρεσιών, η συζήτησις επί του θέματος συνεχίζεται με ενδιαφέρον δια την εξεύρεσιν λύσεως. Αι σχετικαί αποφάσεις αναμένονται εντός των προσεχών ημερών, ως ανεκοινώθη χθες.

Η ΠΡΑΓΑ ΘΑ ΑΠΕΛΕΥΘΕΡΩΣΗ ΤΟΝ ΚΡΑΤΟΥΜΕΝΟΝ ΕΙΣ ΜΟΝΑΣΤΗΡΙΟΝ ΑΡΧΙΕΠΙΣΚΟΠΟΝ ΓΙΟΖΕΦ ΜΠΕΡΑΝ

Αθήναι, 3. — Κατά τας πληροφορίας του υπουργείου και των αρμοδίων υπηρεσιών, η συζήτησις επί του θέματος συνεχίζεται με ενδιαφέρον δια την εξεύρεσιν λύσεως. Αι σχετικαί αποφάσεις αναμένονται εντός των προσεχών ημερών, ως ανεκοινώθη χθες. Αθήναι, 3. — Κατά τας πληροφορίας του υπουργείου και των αρμοδίων υπηρεσιών, η συζήτησις επί του θέματος συνεχίζεται με ενδιαφέρον δια την εξεύρεσιν λύσεως. Αι σχετικαί αποφάσεις αναμένονται εντός των προσεχών ημερών, ως ανεκοινώθη χθες. Αθήναι, 3. — Κατά τας πληροφορίας του υπουργείου και των αρμοδίων υπηρεσιών, η συζήτησις επί του θέματος συνεχίζεται με ενδιαφέρον δια την εξεύρεσιν λύσεως. Αι σχετικαί αποφάσεις αναμένονται εντός των προσεχών ημερών, ως ανεκοινώθη χθες. Αθήναι, 3. — Κατά τας πληροφορίας του υπουργείου και των αρμοδίων υπηρεσιών, η συζήτησις επί του θέματος συνεχίζεται με ενδιαφέρον δια την εξεύρεσιν λύσεως. Αι σχετικαί αποφάσεις αναμένονται εντός των προσεχών ημερών, ως ανεκοινώθη χθες. Αθήναι, 3. — Κατά τας πληροφορίας του υπουργείου και των αρμοδίων υπηρεσιών, η συζήτησις επί του θέματος συνεχίζεται με ενδιαφέρον δια την εξεύρεσιν λύσεως. Αι σχετικαί αποφάσεις αναμένονται εντός των προσεχών ημερών, ως ανεκοινώθη χθες. Αθήναι, 3. — Κατά τας πληροφορίας του υπουργείου και των αρμοδίων υπηρεσιών, η συζήτησις επί το

ΣΥΛΛΗΨΙΣ ΕΚΑΤΟΜΜΥΡΙΟΥΧΟΥ ΤΑΡΑΞΟΠΟΙΟΥ

υ θέματος συνεχίζεται με ενδιαφέρον δια την εξεύρεσιν λύσεως. Αι σχετικαί αποφάσεις αναμένονται εντός των προσεχών ημερών, ως ανεκοινώθη χθες. Αθήναι, 3. — Κατά τας πληροφορίας του υπουργείου και των αρμοδίων υπηρεσιών, η συζήτησις επί του θέματος συνεχίζεται με ενδιαφέρον δια την εξεύρεσιν λύσεως. Αι σχετικαί αποφάσεις αναμένονται εντός των προσεχών ημερών, ως ανεκοινώθη χθες. Αθήναι, 3. — Κατά τας πληροφορίας του υπουργείου και των αρμοδίων υπηρεσιών, η συζήτησις επί του θέματος συνεχίζεται με ενδιαφέρον δια την εξεύρεσιν λύσεως. Αι σχετικαί αποφάσεις αναμένονται εντός των προσεχών ημερών, ως ανεκοινώθη χθες. Αθήναι, 3. — Κατά τας πληροφορίας του υπουργείου και των αρμοδίων υπηρεσιών, η συζήτησις επί του θέματος συνεχίζεται με ενδιαφέρον δια την εξεύρεσιν λύσεως. Αι σχετικαί αποφάσεις αναμένονται εντός των προσεχών ημερών, ως ανεκοινώθη χθες.

ΒΕΛΓΙΚΗ ΕΤΑΙΡΙΑ, ΠΑΡΑ ΤΑΣ ΔΙΑΜΑΡΤΥΡΙΑΣ ΠΡΟΜΗΘΕΥΕΙ ΜΕ ΟΠΛΑ ΤΗΝ ΝΟΤ. ΑΦΡΙΚΗΝ

Αθήναι, 3. — Κατά τας πληροφορίας του υπουργείου και των αρμοδίων υπηρεσιών, η συζήτησις επί του θέματος συνεχίζεται με ενδιαφέρον δια την εξεύρεσιν λύσεως. Αι σχετικαί αποφάσεις αναμένονται εντός των προσεχών ημερών, ως ανεκοινώθη χθες. Αθήναι, 3. — Κατά τας πληροφορίας του υπουργείου και των αρμοδίων υπηρεσιών, η συζήτησις επί του θέματος συνεχίζεται με ενδιαφέρον δια την εξεύρεσιν λύσεως. Αι σχετικαί αποφάσεις αναμένονται εντός των προσεχών ημερών, ως ανεκοινώθη χθες. Αθήναι, 3. — Κατά τας πληροφορίας του υπουργείου και των αρμοδίων υπηρεσιών, η συζήτησις επί του θέματος συνεχίζεται με ενδιαφέρον δια την εξεύρεσιν λύσεως. Αι σχετικαί αποφάσεις αναμένονται εντός των προσεχών ημερών, ως ανεκοινώθη χθες. Αθήναι, 3. — Κατά τας πληροφορίας του υπουργείου και των αρμοδίων υπηρεσιών, η συζήτησις επί του θέματος συνεχίζεται με ενδιαφέρον δια την εξεύρεσιν λύσεως. Αι σχετικαί αποφάσεις αναμένονται εντός των προσεχών ημερών, ως ανεκοινώθη χθες. Αθήναι, 3. — Κατά τας πληροφορίας του υπουργείου και των αρμοδίων υπηρεσιών, η συζήτησις επί του θέματος συνεχίζεται με ενδιαφέρον δια την εξεύρεσιν λύσεως. Αι σχετικαί αποφάσεις αναμένονται εντός των προσεχών ημερών, ως ανεκοινώθη χθες. Αθήναι, 3. — Κατά τας πληροφορίας του υπουργείου και των αρμοδίων υπηρεσιών, η συζήτησις επί το

υ θέματος συνεχίζεται με ενδιαφέρον δια την εξεύρεσιν λύσεως. Αι σχετικαί αποφάσεις αναμένονται εντός των προσεχών ημερών, ως ανεκοινώθη χθες. Αθήναι, 3. — Κατά τας πληροφορίας του υπουργείου και των αρμοδίων υπηρεσιών, η συζήτησις επί του θέματος συνεχίζεται με ενδιαφέρον δια την εξεύρεσιν λύσεως. Αι σχετικαί αποφάσεις αναμένονται εντός των προσεχών ημερών, ως ανεκοινώθη χθες. Αθήναι, 3. — Κατά τας πληροφορίας του υπουργείου και των αρμοδίων υπηρεσιών, η συζήτησις επί του θέματος συνεχίζεται με ενδιαφέρον δια την εξεύρεσιν λύσεως. Αι σχετικαί αποφάσεις αναμένονται εντός των προσεχών ημερών, ως ανεκοινώθη χθες. Αθήναι, 3. — Κατά τας πληροφορίας του υπουργείου και των αρμοδίων υπηρεσιών, η συζήτησις επί του θέματος συνεχίζεται με ενδιαφέρον δια την εξεύρεσιν λύσεως. Αι σχετικαί αποφάσεις αναμένονται εντός των προσεχών ημερών, ως ανεκοινώθη χθες.

Η ΑΠΟΔΡΑΣΙΣ ΤΟΥ ΒΟΥΛΕΥΤΟΥ ΕΡΑΤΑΜΑΝ ΠΡΟΚΑΛΕΣΕΝ ΕΝΔΟΚΥΒΕΡΝΗΤΙΚΗΝ ΚΡΙΣΙΝ

Αθήναι, 3. — Κατά τας πληροφορίας του υπουργείου και των αρμοδίων υπηρεσιών, η συζήτησις επί του θέματος συνεχίζεται με ενδιαφέρον δια την εξεύρεσιν λύσεως. Αι σχετικαί αποφάσεις αναμένονται εντός των προσεχών ημερών, ως ανεκοινώθη χθες. Αθήναι, 3. — Κατά τας πληροφορίας του υπουργείου και των αρμοδίων υπηρεσιών, η συζήτησις επί του θέματος συνεχίζεται με ενδιαφέρον δια την εξεύρεσιν λύσεως. Αι σχετικαί αποφάσεις αναμένονται εντός των προσεχών ημερών, ως ανεκοινώθη χθες. Αθήναι, 3. — Κατά τας πληροφορίας του υπουργείου και των αρμοδίων υπηρεσιών, η συζήτησις επί του θέματος συνεχίζεται με ενδιαφέρον δια την εξεύρεσιν λύσεως. Αι σχετικαί αποφάσεις αναμένονται εντός των προσεχών ημερών, ως ανεκοινώθη χθες. Αθήναι, 3. — Κατά τας πληροφορίας του υπουργείου και των αρμοδίων υπηρεσιών, η συζήτησις επί του θέματος συνεχίζεται με ενδιαφέρον δια την εξεύρεσιν λύσεως. Αι σχετικαί αποφάσεις αναμένονται εντός των προσεχών ημερών, ως ανεκοινώθη χθες. Αθήναι, 3. — Κατά τας πληροφορίας του υπουργείου και των αρμοδίων υπηρεσιών, η συζήτησις επί του θέματος συνεχίζεται με ενδιαφέρον δια την εξεύρεσιν λύσεως. Αι σχετικαί αποφάσεις αναμένονται εντός των προσεχών ημερών, ως ανεκοινώθη χθες. Αθήναι, 3. — Κατά τας πληροφορίας του υπουργείου και των αρμοδίων υπηρεσιών, η συζήτησις επί το

ΤΟΥΡΚΟΙ ΒΙΟΜΗΧΑΝΟΙ ΕΙΣ ΤΗΝ ΦΙΛΑΝΔΙΑΝ

υ θέματος συνεχίζεται με ενδιαφέρον δια την εξεύρεσιν λύσεως. Αι σχετικαί αποφάσεις αναμένονται εντός των προσεχών ημερών, ως ανεκοινώθη χθες. Αθήναι, 3. — Κατά τας πληροφορίας του υπουργείου και των αρμοδίων υπηρεσιών, η συζήτησις επί του θέματος συνεχίζεται με ενδιαφέρον δια την εξεύρεσιν λύσεως. Αι σχετικαί αποφάσεις αναμένονται εντός των προσεχών ημερών, ως ανεκοινώθη χθες. Αθήναι, 3. — Κατά τας πληροφορίας του υπουργείου και των αρμοδίων υπηρεσιών, η συζήτησις επί του θέματος συνεχίζεται με ενδιαφέρον δια την εξεύρεσιν λύσεως. Αι σχετικαί αποφάσεις αναμένονται εντός των προσεχών ημερών, ως ανεκοινώθη χθες. Αθήναι, 3. — Κατά τας πληροφορίας του υπουργείου και των αρμοδίων υπηρεσιών, η συζήτησις επί του θέματος συνεχίζεται με ενδιαφέρον δια την εξεύρεσιν λύσεως. Αι σχετικαί αποφάσεις αναμένονται εντός των προσεχών ημερών, ως ανεκοινώθη χθες.
